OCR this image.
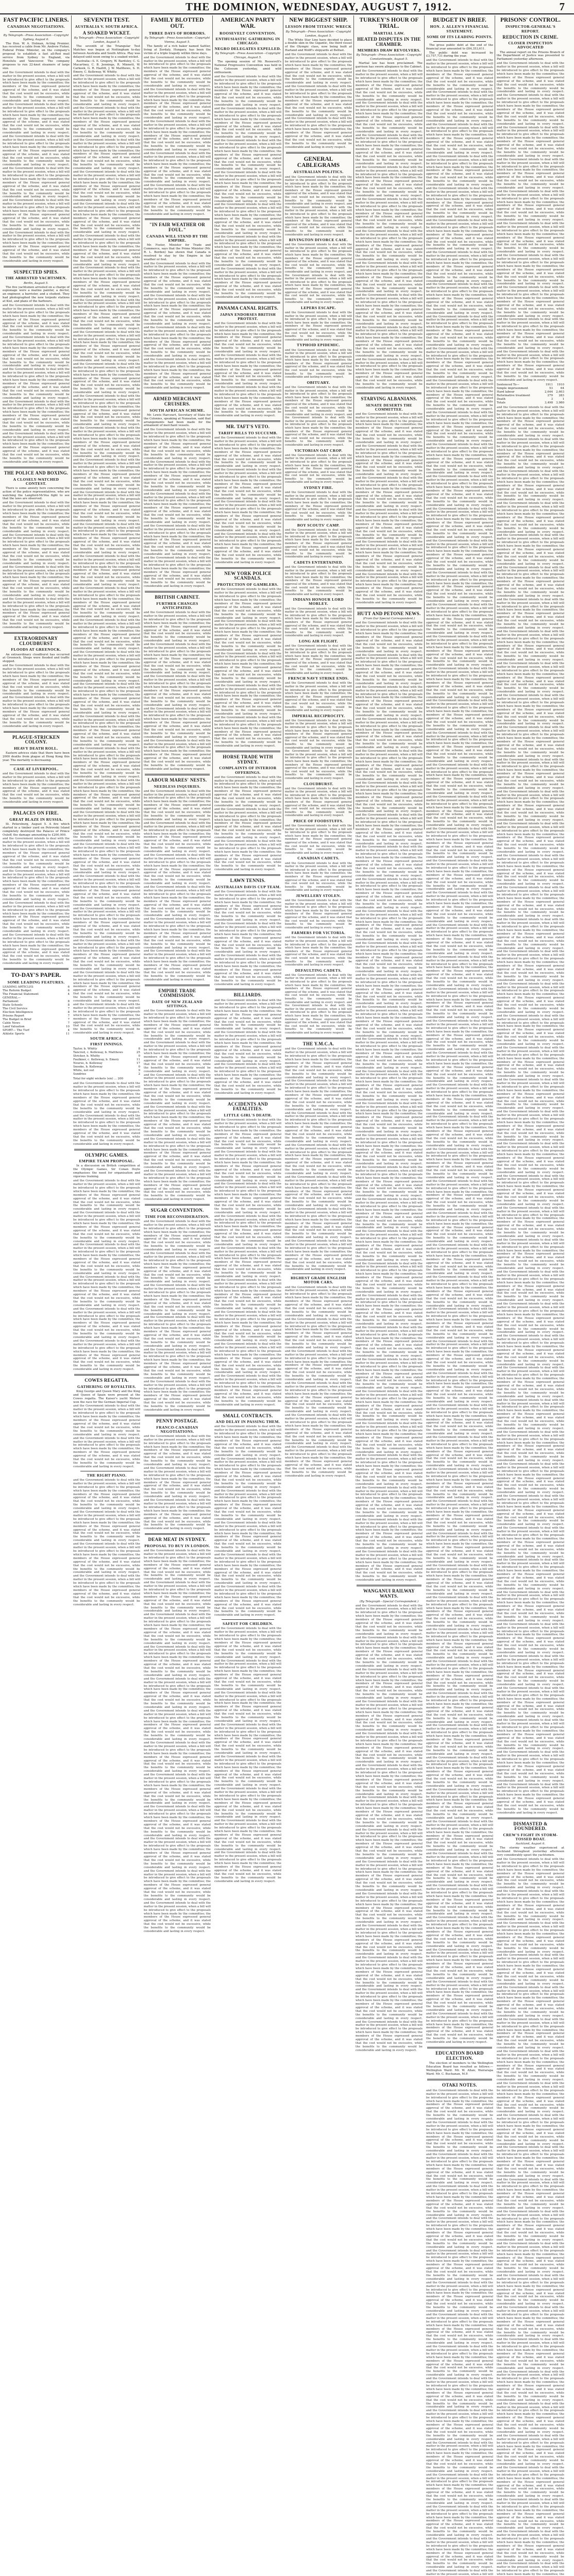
THE DOMINION, WEDNESDAY, AUGUST 7, 1912.	7
FAST PACIFIC LINERS.
CANADIAN NEGOTIATIONS.
By Telegraph—Press Association—Copyright
Sydney, August 6.

The Hon. W. A. Holman, Acting Premier, has received a cable from Mr. Andrew Fisher, Federal Prime Minister, on the company's proposal to establish a fast all-Red mail service from Sydney to England, via Honolulu and Vancouver. The company proposes to run 22-knot steamers of large size.

and the Government intends to deal with the matter in the present session, when a bill will be introduced to give effect to the proposals which have been made by the committee; the members of the House expressed general approval of the scheme, and it was stated that the cost would not be excessive, while the benefits to the community would be considerable and lasting in every respect. and the Government intends to deal with the matter in the present session, when a bill will be introduced to give effect to the proposals which have been made by the committee; the members of the House expressed general approval of the scheme, and it was stated that the cost would not be excessive, while the benefits to the community would be considerable and lasting in every respect. and the Government intends to deal with the matter in the present session, when a bill will be introduced to give effect to the proposals which have been made by the committee; the members of the House expressed general approval of the scheme, and it was stated that the cost would not be excessive, while the benefits to the community would be considerable and lasting in every respect. and the Government intends to deal with the matter in the present session, when a bill will be introduced to give effect to the proposals which have been made by the committee; the members of the House expressed general approval of the scheme, and it was stated that the cost would not be excessive, while the benefits to the community would be considerable and lasting in every respect. and the Government intends to deal with the matter in the present session, when a bill will be introduced to give effect to the proposals which have been made by the committee; the members of the House expressed general approval of the scheme, and it was stated that the cost would not be excessive, while the benefits to the community would be considerable and lasting in every respect. and the Government intends to deal with the matter in the present session, when a bill will be introduced to give effect to the proposals which have been made by the committee; the members of the House expressed general approval of the scheme, and it was stated that the cost would not be excessive, while the benefits to the community would be considerable and lasting in every respect.
SUSPECTED SPIES.
THE ARRESTED YACHTSMEN.
Berlin, August 5.

The five yachtsmen arrested on a charge of espionage were a marine painter, a doctor, an engineer, a barrister, and a student. They had photographed the new torpedo stations at Kiel, and plans of the harbours.

and the Government intends to deal with the matter in the present session, when a bill will be introduced to give effect to the proposals which have been made by the committee; the members of the House expressed general approval of the scheme, and it was stated that the cost would not be excessive, while the benefits to the community would be considerable and lasting in every respect. and the Government intends to deal with the matter in the present session, when a bill will be introduced to give effect to the proposals which have been made by the committee; the members of the House expressed general approval of the scheme, and it was stated that the cost would not be excessive, while the benefits to the community would be considerable and lasting in every respect. and the Government intends to deal with the matter in the present session, when a bill will be introduced to give effect to the proposals which have been made by the committee; the members of the House expressed general approval of the scheme, and it was stated that the cost would not be excessive, while the benefits to the community would be considerable and lasting in every respect. and the Government intends to deal with the matter in the present session, when a bill will be introduced to give effect to the proposals which have been made by the committee; the members of the House expressed general approval of the scheme, and it was stated that the cost would not be excessive, while the benefits to the community would be considerable and lasting in every respect. and the Government intends to deal with the matter in the present session, when a bill will be introduced to give effect to the proposals which have been made by the committee; the members of the House expressed general approval of the scheme, and it was stated that the cost would not be excessive, while the benefits to the community would be considerable and lasting in every respect.
THE POLICE AND BOXING.
A CLOSELY-WATCHED CONTEST.

There is some anxiety here concerning the action of the police representatives, who are watching the Langford-McVea fight to see that the laws are observed.

and the Government intends to deal with the matter in the present session, when a bill will be introduced to give effect to the proposals which have been made by the committee; the members of the House expressed general approval of the scheme, and it was stated that the cost would not be excessive, while the benefits to the community would be considerable and lasting in every respect. and the Government intends to deal with the matter in the present session, when a bill will be introduced to give effect to the proposals which have been made by the committee; the members of the House expressed general approval of the scheme, and it was stated that the cost would not be excessive, while the benefits to the community would be considerable and lasting in every respect. and the Government intends to deal with the matter in the present session, when a bill will be introduced to give effect to the proposals which have been made by the committee; the members of the House expressed general approval of the scheme, and it was stated that the cost would not be excessive, while the benefits to the community would be considerable and lasting in every respect. and the Government intends to deal with the matter in the present session, when a bill will be introduced to give effect to the proposals which have been made by the committee; the members of the House expressed general approval of the scheme, and it was stated that the cost would not be excessive, while the benefits to the community would be considerable and lasting in every respect.
EXTRAORDINARY CLOUDBURST
FLOODS AT GREENOCK.

An extraordinary cloudburst has occurred at Greenock. Shops were flooded and traffic stopped.

and the Government intends to deal with the matter in the present session, when a bill will be introduced to give effect to the proposals which have been made by the committee; the members of the House expressed general approval of the scheme, and it was stated that the cost would not be excessive, while the benefits to the community would be considerable and lasting in every respect. and the Government intends to deal with the matter in the present session, when a bill will be introduced to give effect to the proposals which have been made by the committee; the members of the House expressed general approval of the scheme, and it was stated that the cost would not be excessive, while the benefits to the community would be considerable and lasting in every respect.
PLAGUE-STRICKEN COLONY.
HEAVY DEATH ROLL.

Eastern advices state that there have been 2000 deaths from plague at Hong Kong this year. The mortality is decreasing.

CASE AT LIVERPOOL.
and the Government intends to deal with the matter in the present session, when a bill will be introduced to give effect to the proposals which have been made by the committee; the members of the House expressed general approval of the scheme, and it was stated that the cost would not be excessive, while the benefits to the community would be considerable and lasting in every respect.
PALACES ON FIRE.
GREAT BLAZE IN RUSSIA.

St. Petersburg, August 5. A fire which started in a timber yard on Petrovski Island completely destroyed the Palaces of Prince Ouloff, the damage amounting to £200,000.

and the Government intends to deal with the matter in the present session, when a bill will be introduced to give effect to the proposals which have been made by the committee; the members of the House expressed general approval of the scheme, and it was stated that the cost would not be excessive, while the benefits to the community would be considerable and lasting in every respect. and the Government intends to deal with the matter in the present session, when a bill will be introduced to give effect to the proposals which have been made by the committee; the members of the House expressed general approval of the scheme, and it was stated that the cost would not be excessive, while the benefits to the community would be considerable and lasting in every respect. and the Government intends to deal with the matter in the present session, when a bill will be introduced to give effect to the proposals which have been made by the committee; the members of the House expressed general approval of the scheme, and it was stated that the cost would not be excessive, while the benefits to the community would be considerable and lasting in every respect. and the Government intends to deal with the matter in the present session, when a bill will be introduced to give effect to the proposals which have been made by the committee; the members of the House expressed general approval of the scheme, and it was stated that the cost would not be excessive, while the benefits to the community would be considerable and lasting in every respect.
TO-DAY'S PAPER.
SOME LEADING FEATURES.
LEADING ARTICLES	6
The Reform Budget	6
The Financial Statement	4
GENERAL—
Parliament	8
State Schools	8
The Civil Service	7
Election Intelligence	8
Prisons Report	7
The Budget in Brief	7
Cable News	7
Land Valuation	10
SPORT— The Turf	4
Athletic Sports	11
SEVENTH TEST.
AUSTRALIA V. SOUTH AFRICA.
A SOAKED WICKET.
By Telegraph—Press Association—Copyright
London, August 5.

The seventh of the Triangular Test Matches was begun at Nottingham to-day between Australia and South Africa. Play was delayed until noon owing to a soaked wicket.

Australia—S. E. Gregory, W. Bardsley, C. G. Macartney, C. B. Jennings, R. Minnett, W. Carkeek, G. R. Hazlitt, J. W. Matthews, S. H. Emery, C. Kelleway, W. Whitty.

and the Government intends to deal with the matter in the present session, when a bill will be introduced to give effect to the proposals which have been made by the committee; the members of the House expressed general approval of the scheme, and it was stated that the cost would not be excessive, while the benefits to the community would be considerable and lasting in every respect. and the Government intends to deal with the matter in the present session, when a bill will be introduced to give effect to the proposals which have been made by the committee; the members of the House expressed general approval of the scheme, and it was stated that the cost would not be excessive, while the benefits to the community would be considerable and lasting in every respect. and the Government intends to deal with the matter in the present session, when a bill will be introduced to give effect to the proposals which have been made by the committee; the members of the House expressed general approval of the scheme, and it was stated that the cost would not be excessive, while the benefits to the community would be considerable and lasting in every respect. and the Government intends to deal with the matter in the present session, when a bill will be introduced to give effect to the proposals which have been made by the committee; the members of the House expressed general approval of the scheme, and it was stated that the cost would not be excessive, while the benefits to the community would be considerable and lasting in every respect. and the Government intends to deal with the matter in the present session, when a bill will be introduced to give effect to the proposals which have been made by the committee; the members of the House expressed general approval of the scheme, and it was stated that the cost would not be excessive, while the benefits to the community would be considerable and lasting in every respect. and the Government intends to deal with the matter in the present session, when a bill will be introduced to give effect to the proposals which have been made by the committee; the members of the House expressed general approval of the scheme, and it was stated that the cost would not be excessive, while the benefits to the community would be considerable and lasting in every respect. and the Government intends to deal with the matter in the present session, when a bill will be introduced to give effect to the proposals which have been made by the committee; the members of the House expressed general approval of the scheme, and it was stated that the cost would not be excessive, while the benefits to the community would be considerable and lasting in every respect. and the Government intends to deal with the matter in the present session, when a bill will be introduced to give effect to the proposals which have been made by the committee; the members of the House expressed general approval of the scheme, and it was stated that the cost would not be excessive, while the benefits to the community would be considerable and lasting in every respect. and the Government intends to deal with the matter in the present session, when a bill will be introduced to give effect to the proposals which have been made by the committee; the members of the House expressed general approval of the scheme, and it was stated that the cost would not be excessive, while the benefits to the community would be considerable and lasting in every respect. and the Government intends to deal with the matter in the present session, when a bill will be introduced to give effect to the proposals which have been made by the committee; the members of the House expressed general approval of the scheme, and it was stated that the cost would not be excessive, while the benefits to the community would be considerable and lasting in every respect. and the Government intends to deal with the matter in the present session, when a bill will be introduced to give effect to the proposals which have been made by the committee; the members of the House expressed general approval of the scheme, and it was stated that the cost would not be excessive, while the benefits to the community would be considerable and lasting in every respect. and the Government intends to deal with the matter in the present session, when a bill will be introduced to give effect to the proposals which have been made by the committee; the members of the House expressed general approval of the scheme, and it was stated that the cost would not be excessive, while the benefits to the community would be considerable and lasting in every respect. and the Government intends to deal with the matter in the present session, when a bill will be introduced to give effect to the proposals which have been made by the committee; the members of the House expressed general approval of the scheme, and it was stated that the cost would not be excessive, while the benefits to the community would be considerable and lasting in every respect. and the Government intends to deal with the matter in the present session, when a bill will be introduced to give effect to the proposals which have been made by the committee; the members of the House expressed general approval of the scheme, and it was stated that the cost would not be excessive, while the benefits to the community would be considerable and lasting in every respect. and the Government intends to deal with the matter in the present session, when a bill will be introduced to give effect to the proposals which have been made by the committee; the members of the House expressed general approval of the scheme, and it was stated that the cost would not be excessive, while the benefits to the community would be considerable and lasting in every respect. and the Government intends to deal with the matter in the present session, when a bill will be introduced to give effect to the proposals which have been made by the committee; the members of the House expressed general approval of the scheme, and it was stated that the cost would not be excessive, while the benefits to the community would be considerable and lasting in every respect. and the Government intends to deal with the matter in the present session, when a bill will be introduced to give effect to the proposals which have been made by the committee; the members of the House expressed general approval of the scheme, and it was stated that the cost would not be excessive, while the benefits to the community would be considerable and lasting in every respect. and the Government intends to deal with the matter in the present session, when a bill will be introduced to give effect to the proposals which have been made by the committee; the members of the House expressed general approval of the scheme, and it was stated that the cost would not be excessive, while the benefits to the community would be considerable and lasting in every respect. and the Government intends to deal with the matter in the present session, when a bill will be introduced to give effect to the proposals which have been made by the committee; the members of the House expressed general approval of the scheme, and it was stated that the cost would not be excessive, while the benefits to the community would be considerable and lasting in every respect. and the Government intends to deal with the matter in the present session, when a bill will be introduced to give effect to the proposals which have been made by the committee; the members of the House expressed general approval of the scheme, and it was stated that the cost would not be excessive, while the benefits to the community would be considerable and lasting in every respect. and the Government intends to deal with the matter in the present session, when a bill will be introduced to give effect to the proposals which have been made by the committee; the members of the House expressed general approval of the scheme, and it was stated that the cost would not be excessive, while the benefits to the community would be considerable and lasting in every respect. and the Government intends to deal with the matter in the present session, when a bill will be introduced to give effect to the proposals which have been made by the committee; the members of the House expressed general approval of the scheme, and it was stated that the cost would not be excessive, while the benefits to the community would be considerable and lasting in every respect. and the Government intends to deal with the matter in the present session, when a bill will be introduced to give effect to the proposals which have been made by the committee; the members of the House expressed general approval of the scheme, and it was stated that the cost would not be excessive, while the benefits to the community would be considerable and lasting in every respect. and the Government intends to deal with the matter in the present session, when a bill will be introduced to give effect to the proposals which have been made by the committee; the members of the House expressed general approval of the scheme, and it was stated that the cost would not be excessive, while the benefits to the community would be considerable and lasting in every respect. and the Government intends to deal with the matter in the present session, when a bill will be introduced to give effect to the proposals which have been made by the committee; the members of the House expressed general approval of the scheme, and it was stated that the cost would not be excessive, while the benefits to the community would be considerable and lasting in every respect. and the Government intends to deal with the matter in the present session, when a bill will be introduced to give effect to the proposals which have been made by the committee; the members of the House expressed general approval of the scheme, and it was stated that the cost would not be excessive, while the benefits to the community would be considerable and lasting in every respect. and the Government intends to deal with the matter in the present session, when a bill will be introduced to give effect to the proposals which have been made by the committee; the members of the House expressed general approval of the scheme, and it was stated that the cost would not be excessive, while the benefits to the community would be considerable and lasting in every respect. and the Government intends to deal with the matter in the present session, when a bill will be introduced to give effect to the proposals which have been made by the committee; the members of the House expressed general approval of the scheme, and it was stated that the cost would not be excessive, while the benefits to the community would be considerable and lasting in every respect. and the Government intends to deal with the matter in the present session, when a bill will be introduced to give effect to the proposals which have been made by the committee; the members of the House expressed general approval of the scheme, and it was stated that the cost would not be excessive, while the benefits to the community would be considerable and lasting in every respect. and the Government intends to deal with the matter in the present session, when a bill will be introduced to give effect to the proposals which have been made by the committee; the members of the House expressed general approval of the scheme, and it was stated that the cost would not be excessive, while the benefits to the community would be considerable and lasting in every respect.
SOUTH AFRICA.
FIRST INNINGS.
Taylor, b. Whitty	8
Tancred, c. Kelleway, b. Matthews	25
Stricker, b. Whitty	0
Faulkner, c. Kelleway, b. Emery	11
Nourse, b. Kelleway	17
Snooke, b. Kelleway	0
White, not out	9
Sundries	2
Total for eight wickets (six) ... 200
and the Government intends to deal with the matter in the present session, when a bill will be introduced to give effect to the proposals which have been made by the committee; the members of the House expressed general approval of the scheme, and it was stated that the cost would not be excessive, while the benefits to the community would be considerable and lasting in every respect. and the Government intends to deal with the matter in the present session, when a bill will be introduced to give effect to the proposals which have been made by the committee; the members of the House expressed general approval of the scheme, and it was stated that the cost would not be excessive, while the benefits to the community would be considerable and lasting in every respect.
OLYMPIC GAMES.
EMPIRE TEAM PROPOSAL.

In a discussion on British competition at the Olympic Games, Sir Conan Doyle emphasises the need for organisation and vigorous training.

and the Government intends to deal with the matter in the present session, when a bill will be introduced to give effect to the proposals which have been made by the committee; the members of the House expressed general approval of the scheme, and it was stated that the cost would not be excessive, while the benefits to the community would be considerable and lasting in every respect. and the Government intends to deal with the matter in the present session, when a bill will be introduced to give effect to the proposals which have been made by the committee; the members of the House expressed general approval of the scheme, and it was stated that the cost would not be excessive, while the benefits to the community would be considerable and lasting in every respect. and the Government intends to deal with the matter in the present session, when a bill will be introduced to give effect to the proposals which have been made by the committee; the members of the House expressed general approval of the scheme, and it was stated that the cost would not be excessive, while the benefits to the community would be considerable and lasting in every respect. and the Government intends to deal with the matter in the present session, when a bill will be introduced to give effect to the proposals which have been made by the committee; the members of the House expressed general approval of the scheme, and it was stated that the cost would not be excessive, while the benefits to the community would be considerable and lasting in every respect. and the Government intends to deal with the matter in the present session, when a bill will be introduced to give effect to the proposals which have been made by the committee; the members of the House expressed general approval of the scheme, and it was stated that the cost would not be excessive, while the benefits to the community would be considerable and lasting in every respect. and the Government intends to deal with the matter in the present session, when a bill will be introduced to give effect to the proposals which have been made by the committee; the members of the House expressed general approval of the scheme, and it was stated that the cost would not be excessive, while the benefits to the community would be considerable and lasting in every respect.
COWES REGATTA.
GATHERING OF ROYALTIES.

King George and Queen Mary and the King and Queen of Spain were present at the Cowes regatta. The Kaiser's yacht Meteor won the race for the German Imperial Cup.

and the Government intends to deal with the matter in the present session, when a bill will be introduced to give effect to the proposals which have been made by the committee; the members of the House expressed general approval of the scheme, and it was stated that the cost would not be excessive, while the benefits to the community would be considerable and lasting in every respect. and the Government intends to deal with the matter in the present session, when a bill will be introduced to give effect to the proposals which have been made by the committee; the members of the House expressed general approval of the scheme, and it was stated that the cost would not be excessive, while the benefits to the community would be considerable and lasting in every respect.
THE RIGHT PIANO.
and the Government intends to deal with the matter in the present session, when a bill will be introduced to give effect to the proposals which have been made by the committee; the members of the House expressed general approval of the scheme, and it was stated that the cost would not be excessive, while the benefits to the community would be considerable and lasting in every respect. and the Government intends to deal with the matter in the present session, when a bill will be introduced to give effect to the proposals which have been made by the committee; the members of the House expressed general approval of the scheme, and it was stated that the cost would not be excessive, while the benefits to the community would be considerable and lasting in every respect. and the Government intends to deal with the matter in the present session, when a bill will be introduced to give effect to the proposals which have been made by the committee; the members of the House expressed general approval of the scheme, and it was stated that the cost would not be excessive, while the benefits to the community would be considerable and lasting in every respect. and the Government intends to deal with the matter in the present session, when a bill will be introduced to give effect to the proposals which have been made by the committee; the members of the House expressed general approval of the scheme, and it was stated that the cost would not be excessive, while the benefits to the community would be considerable and lasting in every respect.
FAMILY BLOTTED OUT.
THREE DAYS OF HORRORS.
By Telegraph—Press Association—Copyright
Vienna, August 5.

The family of a rich baker named Sattler, living at Zerdaly, Hungary, has been the victim of a triple tragedy within three days.

and the Government intends to deal with the matter in the present session, when a bill will be introduced to give effect to the proposals which have been made by the committee; the members of the House expressed general approval of the scheme, and it was stated that the cost would not be excessive, while the benefits to the community would be considerable and lasting in every respect. and the Government intends to deal with the matter in the present session, when a bill will be introduced to give effect to the proposals which have been made by the committee; the members of the House expressed general approval of the scheme, and it was stated that the cost would not be excessive, while the benefits to the community would be considerable and lasting in every respect. and the Government intends to deal with the matter in the present session, when a bill will be introduced to give effect to the proposals which have been made by the committee; the members of the House expressed general approval of the scheme, and it was stated that the cost would not be excessive, while the benefits to the community would be considerable and lasting in every respect. and the Government intends to deal with the matter in the present session, when a bill will be introduced to give effect to the proposals which have been made by the committee; the members of the House expressed general approval of the scheme, and it was stated that the cost would not be excessive, while the benefits to the community would be considerable and lasting in every respect. and the Government intends to deal with the matter in the present session, when a bill will be introduced to give effect to the proposals which have been made by the committee; the members of the House expressed general approval of the scheme, and it was stated that the cost would not be excessive, while the benefits to the community would be considerable and lasting in every respect.
"IN FAIR WEATHER OR FOUL."
CANADA WILL STAND BY THE EMPIRE.

Mr. Foster, Minister for Trade and Commerce, says that the Prime Minister (Mr. R. L. Borden) has shown that Canada is resolved to stay by the Empire in fair weather or foul.

and the Government intends to deal with the matter in the present session, when a bill will be introduced to give effect to the proposals which have been made by the committee; the members of the House expressed general approval of the scheme, and it was stated that the cost would not be excessive, while the benefits to the community would be considerable and lasting in every respect. and the Government intends to deal with the matter in the present session, when a bill will be introduced to give effect to the proposals which have been made by the committee; the members of the House expressed general approval of the scheme, and it was stated that the cost would not be excessive, while the benefits to the community would be considerable and lasting in every respect. and the Government intends to deal with the matter in the present session, when a bill will be introduced to give effect to the proposals which have been made by the committee; the members of the House expressed general approval of the scheme, and it was stated that the cost would not be excessive, while the benefits to the community would be considerable and lasting in every respect. and the Government intends to deal with the matter in the present session, when a bill will be introduced to give effect to the proposals which have been made by the committee; the members of the House expressed general approval of the scheme, and it was stated that the cost would not be excessive, while the benefits to the community would be considerable and lasting in every respect.
ARMED MERCHANT CRUISERS.
SOUTH AFRICAN SCHEME.

Mr. Lewis Harcourt, Secretary of State for the Colonies, speaking at Nuneaton, said that arrangements had been made for the armament of merchant vessels.

and the Government intends to deal with the matter in the present session, when a bill will be introduced to give effect to the proposals which have been made by the committee; the members of the House expressed general approval of the scheme, and it was stated that the cost would not be excessive, while the benefits to the community would be considerable and lasting in every respect. and the Government intends to deal with the matter in the present session, when a bill will be introduced to give effect to the proposals which have been made by the committee; the members of the House expressed general approval of the scheme, and it was stated that the cost would not be excessive, while the benefits to the community would be considerable and lasting in every respect. and the Government intends to deal with the matter in the present session, when a bill will be introduced to give effect to the proposals which have been made by the committee; the members of the House expressed general approval of the scheme, and it was stated that the cost would not be excessive, while the benefits to the community would be considerable and lasting in every respect. and the Government intends to deal with the matter in the present session, when a bill will be introduced to give effect to the proposals which have been made by the committee; the members of the House expressed general approval of the scheme, and it was stated that the cost would not be excessive, while the benefits to the community would be considerable and lasting in every respect. and the Government intends to deal with the matter in the present session, when a bill will be introduced to give effect to the proposals which have been made by the committee; the members of the House expressed general approval of the scheme, and it was stated that the cost would not be excessive, while the benefits to the community would be considerable and lasting in every respect.
BRITISH CABINET.
FURTHER CHANGES ANTICIPATED.
and the Government intends to deal with the matter in the present session, when a bill will be introduced to give effect to the proposals which have been made by the committee; the members of the House expressed general approval of the scheme, and it was stated that the cost would not be excessive, while the benefits to the community would be considerable and lasting in every respect. and the Government intends to deal with the matter in the present session, when a bill will be introduced to give effect to the proposals which have been made by the committee; the members of the House expressed general approval of the scheme, and it was stated that the cost would not be excessive, while the benefits to the community would be considerable and lasting in every respect. and the Government intends to deal with the matter in the present session, when a bill will be introduced to give effect to the proposals which have been made by the committee; the members of the House expressed general approval of the scheme, and it was stated that the cost would not be excessive, while the benefits to the community would be considerable and lasting in every respect. and the Government intends to deal with the matter in the present session, when a bill will be introduced to give effect to the proposals which have been made by the committee; the members of the House expressed general approval of the scheme, and it was stated that the cost would not be excessive, while the benefits to the community would be considerable and lasting in every respect. and the Government intends to deal with the matter in the present session, when a bill will be introduced to give effect to the proposals which have been made by the committee; the members of the House expressed general approval of the scheme, and it was stated that the cost would not be excessive, while the benefits to the community would be considerable and lasting in every respect.
LABOUR MARES' NESTS.
NEEDLESS INQUIRIES.
and the Government intends to deal with the matter in the present session, when a bill will be introduced to give effect to the proposals which have been made by the committee; the members of the House expressed general approval of the scheme, and it was stated that the cost would not be excessive, while the benefits to the community would be considerable and lasting in every respect. and the Government intends to deal with the matter in the present session, when a bill will be introduced to give effect to the proposals which have been made by the committee; the members of the House expressed general approval of the scheme, and it was stated that the cost would not be excessive, while the benefits to the community would be considerable and lasting in every respect. and the Government intends to deal with the matter in the present session, when a bill will be introduced to give effect to the proposals which have been made by the committee; the members of the House expressed general approval of the scheme, and it was stated that the cost would not be excessive, while the benefits to the community would be considerable and lasting in every respect. and the Government intends to deal with the matter in the present session, when a bill will be introduced to give effect to the proposals which have been made by the committee; the members of the House expressed general approval of the scheme, and it was stated that the cost would not be excessive, while the benefits to the community would be considerable and lasting in every respect. and the Government intends to deal with the matter in the present session, when a bill will be introduced to give effect to the proposals which have been made by the committee; the members of the House expressed general approval of the scheme, and it was stated that the cost would not be excessive, while the benefits to the community would be considerable and lasting in every respect. and the Government intends to deal with the matter in the present session, when a bill will be introduced to give effect to the proposals which have been made by the committee; the members of the House expressed general approval of the scheme, and it was stated that the cost would not be excessive, while the benefits to the community would be considerable and lasting in every respect.
EMPIRE TRADE COMMISSION.
DATE OF NEW ZEALAND SITTINGS.
and the Government intends to deal with the matter in the present session, when a bill will be introduced to give effect to the proposals which have been made by the committee; the members of the House expressed general approval of the scheme, and it was stated that the cost would not be excessive, while the benefits to the community would be considerable and lasting in every respect. and the Government intends to deal with the matter in the present session, when a bill will be introduced to give effect to the proposals which have been made by the committee; the members of the House expressed general approval of the scheme, and it was stated that the cost would not be excessive, while the benefits to the community would be considerable and lasting in every respect. and the Government intends to deal with the matter in the present session, when a bill will be introduced to give effect to the proposals which have been made by the committee; the members of the House expressed general approval of the scheme, and it was stated that the cost would not be excessive, while the benefits to the community would be considerable and lasting in every respect. and the Government intends to deal with the matter in the present session, when a bill will be introduced to give effect to the proposals which have been made by the committee; the members of the House expressed general approval of the scheme, and it was stated that the cost would not be excessive, while the benefits to the community would be considerable and lasting in every respect. and the Government intends to deal with the matter in the present session, when a bill will be introduced to give effect to the proposals which have been made by the committee; the members of the House expressed general approval of the scheme, and it was stated that the cost would not be excessive, while the benefits to the community would be considerable and lasting in every respect. and the Government intends to deal with the matter in the present session, when a bill will be introduced to give effect to the proposals which have been made by the committee; the members of the House expressed general approval of the scheme, and it was stated that the cost would not be excessive, while the benefits to the community would be considerable and lasting in every respect.
SUGAR CONVENTION.
TIME FOR RECONSIDERATION.
and the Government intends to deal with the matter in the present session, when a bill will be introduced to give effect to the proposals which have been made by the committee; the members of the House expressed general approval of the scheme, and it was stated that the cost would not be excessive, while the benefits to the community would be considerable and lasting in every respect. and the Government intends to deal with the matter in the present session, when a bill will be introduced to give effect to the proposals which have been made by the committee; the members of the House expressed general approval of the scheme, and it was stated that the cost would not be excessive, while the benefits to the community would be considerable and lasting in every respect. and the Government intends to deal with the matter in the present session, when a bill will be introduced to give effect to the proposals which have been made by the committee; the members of the House expressed general approval of the scheme, and it was stated that the cost would not be excessive, while the benefits to the community would be considerable and lasting in every respect. and the Government intends to deal with the matter in the present session, when a bill will be introduced to give effect to the proposals which have been made by the committee; the members of the House expressed general approval of the scheme, and it was stated that the cost would not be excessive, while the benefits to the community would be considerable and lasting in every respect. and the Government intends to deal with the matter in the present session, when a bill will be introduced to give effect to the proposals which have been made by the committee; the members of the House expressed general approval of the scheme, and it was stated that the cost would not be excessive, while the benefits to the community would be considerable and lasting in every respect. and the Government intends to deal with the matter in the present session, when a bill will be introduced to give effect to the proposals which have been made by the committee; the members of the House expressed general approval of the scheme, and it was stated that the cost would not be excessive, while the benefits to the community would be considerable and lasting in every respect.
PENNY POSTAGE.
FRANCO-CANADIAN NEGOTIATIONS.
and the Government intends to deal with the matter in the present session, when a bill will be introduced to give effect to the proposals which have been made by the committee; the members of the House expressed general approval of the scheme, and it was stated that the cost would not be excessive, while the benefits to the community would be considerable and lasting in every respect. and the Government intends to deal with the matter in the present session, when a bill will be introduced to give effect to the proposals which have been made by the committee; the members of the House expressed general approval of the scheme, and it was stated that the cost would not be excessive, while the benefits to the community would be considerable and lasting in every respect. and the Government intends to deal with the matter in the present session, when a bill will be introduced to give effect to the proposals which have been made by the committee; the members of the House expressed general approval of the scheme, and it was stated that the cost would not be excessive, while the benefits to the community would be considerable and lasting in every respect.
DEAR MEAT IN SYDNEY.
PROPOSAL TO BUY IN LONDON.
and the Government intends to deal with the matter in the present session, when a bill will be introduced to give effect to the proposals which have been made by the committee; the members of the House expressed general approval of the scheme, and it was stated that the cost would not be excessive, while the benefits to the community would be considerable and lasting in every respect. and the Government intends to deal with the matter in the present session, when a bill will be introduced to give effect to the proposals which have been made by the committee; the members of the House expressed general approval of the scheme, and it was stated that the cost would not be excessive, while the benefits to the community would be considerable and lasting in every respect. and the Government intends to deal with the matter in the present session, when a bill will be introduced to give effect to the proposals which have been made by the committee; the members of the House expressed general approval of the scheme, and it was stated that the cost would not be excessive, while the benefits to the community would be considerable and lasting in every respect. and the Government intends to deal with the matter in the present session, when a bill will be introduced to give effect to the proposals which have been made by the committee; the members of the House expressed general approval of the scheme, and it was stated that the cost would not be excessive, while the benefits to the community would be considerable and lasting in every respect. and the Government intends to deal with the matter in the present session, when a bill will be introduced to give effect to the proposals which have been made by the committee; the members of the House expressed general approval of the scheme, and it was stated that the cost would not be excessive, while the benefits to the community would be considerable and lasting in every respect. and the Government intends to deal with the matter in the present session, when a bill will be introduced to give effect to the proposals which have been made by the committee; the members of the House expressed general approval of the scheme, and it was stated that the cost would not be excessive, while the benefits to the community would be considerable and lasting in every respect. and the Government intends to deal with the matter in the present session, when a bill will be introduced to give effect to the proposals which have been made by the committee; the members of the House expressed general approval of the scheme, and it was stated that the cost would not be excessive, while the benefits to the community would be considerable and lasting in every respect. and the Government intends to deal with the matter in the present session, when a bill will be introduced to give effect to the proposals which have been made by the committee; the members of the House expressed general approval of the scheme, and it was stated that the cost would not be excessive, while the benefits to the community would be considerable and lasting in every respect. and the Government intends to deal with the matter in the present session, when a bill will be introduced to give effect to the proposals which have been made by the committee; the members of the House expressed general approval of the scheme, and it was stated that the cost would not be excessive, while the benefits to the community would be considerable and lasting in every respect. and the Government intends to deal with the matter in the present session, when a bill will be introduced to give effect to the proposals which have been made by the committee; the members of the House expressed general approval of the scheme, and it was stated that the cost would not be excessive, while the benefits to the community would be considerable and lasting in every respect. and the Government intends to deal with the matter in the present session, when a bill will be introduced to give effect to the proposals which have been made by the committee; the members of the House expressed general approval of the scheme, and it was stated that the cost would not be excessive, while the benefits to the community would be considerable and lasting in every respect. and the Government intends to deal with the matter in the present session, when a bill will be introduced to give effect to the proposals which have been made by the committee; the members of the House expressed general approval of the scheme, and it was stated that the cost would not be excessive, while the benefits to the community would be considerable and lasting in every respect.
AMERICAN PARTY WAR.
ROOSEVELT CONVENTION.
ENTHUSIASTIC GATHERING IN CHICAGO.
NEGRO DELEGATES EXPELLED.
By Telegraph—Press Association—Copyright
Chicago, August 5.

The opening session of Mr. Roosevelt's National Progressive Convention was held in the Coliseum yesterday, amid wild enthusiasm.

and the Government intends to deal with the matter in the present session, when a bill will be introduced to give effect to the proposals which have been made by the committee; the members of the House expressed general approval of the scheme, and it was stated that the cost would not be excessive, while the benefits to the community would be considerable and lasting in every respect. and the Government intends to deal with the matter in the present session, when a bill will be introduced to give effect to the proposals which have been made by the committee; the members of the House expressed general approval of the scheme, and it was stated that the cost would not be excessive, while the benefits to the community would be considerable and lasting in every respect. and the Government intends to deal with the matter in the present session, when a bill will be introduced to give effect to the proposals which have been made by the committee; the members of the House expressed general approval of the scheme, and it was stated that the cost would not be excessive, while the benefits to the community would be considerable and lasting in every respect. and the Government intends to deal with the matter in the present session, when a bill will be introduced to give effect to the proposals which have been made by the committee; the members of the House expressed general approval of the scheme, and it was stated that the cost would not be excessive, while the benefits to the community would be considerable and lasting in every respect. and the Government intends to deal with the matter in the present session, when a bill will be introduced to give effect to the proposals which have been made by the committee; the members of the House expressed general approval of the scheme, and it was stated that the cost would not be excessive, while the benefits to the community would be considerable and lasting in every respect. and the Government intends to deal with the matter in the present session, when a bill will be introduced to give effect to the proposals which have been made by the committee; the members of the House expressed general approval of the scheme, and it was stated that the cost would not be excessive, while the benefits to the community would be considerable and lasting in every respect. and the Government intends to deal with the matter in the present session, when a bill will be introduced to give effect to the proposals which have been made by the committee; the members of the House expressed general approval of the scheme, and it was stated that the cost would not be excessive, while the benefits to the community would be considerable and lasting in every respect.
PANAMA CANAL RIGHTS.
JAPAN ENDORSES BRITISH PROTEST.
and the Government intends to deal with the matter in the present session, when a bill will be introduced to give effect to the proposals which have been made by the committee; the members of the House expressed general approval of the scheme, and it was stated that the cost would not be excessive, while the benefits to the community would be considerable and lasting in every respect. and the Government intends to deal with the matter in the present session, when a bill will be introduced to give effect to the proposals which have been made by the committee; the members of the House expressed general approval of the scheme, and it was stated that the cost would not be excessive, while the benefits to the community would be considerable and lasting in every respect. and the Government intends to deal with the matter in the present session, when a bill will be introduced to give effect to the proposals which have been made by the committee; the members of the House expressed general approval of the scheme, and it was stated that the cost would not be excessive, while the benefits to the community would be considerable and lasting in every respect.
MR. TAFT'S VETO.
TARIFF BILLS TO SUCCUMB.
and the Government intends to deal with the matter in the present session, when a bill will be introduced to give effect to the proposals which have been made by the committee; the members of the House expressed general approval of the scheme, and it was stated that the cost would not be excessive, while the benefits to the community would be considerable and lasting in every respect. and the Government intends to deal with the matter in the present session, when a bill will be introduced to give effect to the proposals which have been made by the committee; the members of the House expressed general approval of the scheme, and it was stated that the cost would not be excessive, while the benefits to the community would be considerable and lasting in every respect. and the Government intends to deal with the matter in the present session, when a bill will be introduced to give effect to the proposals which have been made by the committee; the members of the House expressed general approval of the scheme, and it was stated that the cost would not be excessive, while the benefits to the community would be considerable and lasting in every respect. and the Government intends to deal with the matter in the present session, when a bill will be introduced to give effect to the proposals which have been made by the committee; the members of the House expressed general approval of the scheme, and it was stated that the cost would not be excessive, while the benefits to the community would be considerable and lasting in every respect.
NEW YORK POLICE SCANDALS.
PROTECTION OF GAMBLERS.
and the Government intends to deal with the matter in the present session, when a bill will be introduced to give effect to the proposals which have been made by the committee; the members of the House expressed general approval of the scheme, and it was stated that the cost would not be excessive, while the benefits to the community would be considerable and lasting in every respect. and the Government intends to deal with the matter in the present session, when a bill will be introduced to give effect to the proposals which have been made by the committee; the members of the House expressed general approval of the scheme, and it was stated that the cost would not be excessive, while the benefits to the community would be considerable and lasting in every respect. and the Government intends to deal with the matter in the present session, when a bill will be introduced to give effect to the proposals which have been made by the committee; the members of the House expressed general approval of the scheme, and it was stated that the cost would not be excessive, while the benefits to the community would be considerable and lasting in every respect. and the Government intends to deal with the matter in the present session, when a bill will be introduced to give effect to the proposals which have been made by the committee; the members of the House expressed general approval of the scheme, and it was stated that the cost would not be excessive, while the benefits to the community would be considerable and lasting in every respect. and the Government intends to deal with the matter in the present session, when a bill will be introduced to give effect to the proposals which have been made by the committee; the members of the House expressed general approval of the scheme, and it was stated that the cost would not be excessive, while the benefits to the community would be considerable and lasting in every respect.
HORSE TRADE WITH SYDNEY.
COMPLAINTS OF INTERIOR OFFERINGS.
and the Government intends to deal with the matter in the present session, when a bill will be introduced to give effect to the proposals which have been made by the committee; the members of the House expressed general approval of the scheme, and it was stated that the cost would not be excessive, while the benefits to the community would be considerable and lasting in every respect. and the Government intends to deal with the matter in the present session, when a bill will be introduced to give effect to the proposals which have been made by the committee; the members of the House expressed general approval of the scheme, and it was stated that the cost would not be excessive, while the benefits to the community would be considerable and lasting in every respect. and the Government intends to deal with the matter in the present session, when a bill will be introduced to give effect to the proposals which have been made by the committee; the members of the House expressed general approval of the scheme, and it was stated that the cost would not be excessive, while the benefits to the community would be considerable and lasting in every respect.
LAWN TENNIS.
AUSTRALIAN DAVIS CUP TEAM.
and the Government intends to deal with the matter in the present session, when a bill will be introduced to give effect to the proposals which have been made by the committee; the members of the House expressed general approval of the scheme, and it was stated that the cost would not be excessive, while the benefits to the community would be considerable and lasting in every respect. and the Government intends to deal with the matter in the present session, when a bill will be introduced to give effect to the proposals which have been made by the committee; the members of the House expressed general approval of the scheme, and it was stated that the cost would not be excessive, while the benefits to the community would be considerable and lasting in every respect. and the Government intends to deal with the matter in the present session, when a bill will be introduced to give effect to the proposals which have been made by the committee; the members of the House expressed general approval of the scheme, and it was stated that the cost would not be excessive, while the benefits to the community would be considerable and lasting in every respect.
BILLIARDS.
and the Government intends to deal with the matter in the present session, when a bill will be introduced to give effect to the proposals which have been made by the committee; the members of the House expressed general approval of the scheme, and it was stated that the cost would not be excessive, while the benefits to the community would be considerable and lasting in every respect. and the Government intends to deal with the matter in the present session, when a bill will be introduced to give effect to the proposals which have been made by the committee; the members of the House expressed general approval of the scheme, and it was stated that the cost would not be excessive, while the benefits to the community would be considerable and lasting in every respect. and the Government intends to deal with the matter in the present session, when a bill will be introduced to give effect to the proposals which have been made by the committee; the members of the House expressed general approval of the scheme, and it was stated that the cost would not be excessive, while the benefits to the community would be considerable and lasting in every respect.
ACCIDENTS AND FATALITIES.
LITTLE GIRL'S DEATH.
and the Government intends to deal with the matter in the present session, when a bill will be introduced to give effect to the proposals which have been made by the committee; the members of the House expressed general approval of the scheme, and it was stated that the cost would not be excessive, while the benefits to the community would be considerable and lasting in every respect. and the Government intends to deal with the matter in the present session, when a bill will be introduced to give effect to the proposals which have been made by the committee; the members of the House expressed general approval of the scheme, and it was stated that the cost would not be excessive, while the benefits to the community would be considerable and lasting in every respect. and the Government intends to deal with the matter in the present session, when a bill will be introduced to give effect to the proposals which have been made by the committee; the members of the House expressed general approval of the scheme, and it was stated that the cost would not be excessive, while the benefits to the community would be considerable and lasting in every respect. and the Government intends to deal with the matter in the present session, when a bill will be introduced to give effect to the proposals which have been made by the committee; the members of the House expressed general approval of the scheme, and it was stated that the cost would not be excessive, while the benefits to the community would be considerable and lasting in every respect. and the Government intends to deal with the matter in the present session, when a bill will be introduced to give effect to the proposals which have been made by the committee; the members of the House expressed general approval of the scheme, and it was stated that the cost would not be excessive, while the benefits to the community would be considerable and lasting in every respect. and the Government intends to deal with the matter in the present session, when a bill will be introduced to give effect to the proposals which have been made by the committee; the members of the House expressed general approval of the scheme, and it was stated that the cost would not be excessive, while the benefits to the community would be considerable and lasting in every respect. and the Government intends to deal with the matter in the present session, when a bill will be introduced to give effect to the proposals which have been made by the committee; the members of the House expressed general approval of the scheme, and it was stated that the cost would not be excessive, while the benefits to the community would be considerable and lasting in every respect. and the Government intends to deal with the matter in the present session, when a bill will be introduced to give effect to the proposals which have been made by the committee; the members of the House expressed general approval of the scheme, and it was stated that the cost would not be excessive, while the benefits to the community would be considerable and lasting in every respect. and the Government intends to deal with the matter in the present session, when a bill will be introduced to give effect to the proposals which have been made by the committee; the members of the House expressed general approval of the scheme, and it was stated that the cost would not be excessive, while the benefits to the community would be considerable and lasting in every respect.
SMALL CONTRACTS.
AND DELAY IN PASSING THEM.
and the Government intends to deal with the matter in the present session, when a bill will be introduced to give effect to the proposals which have been made by the committee; the members of the House expressed general approval of the scheme, and it was stated that the cost would not be excessive, while the benefits to the community would be considerable and lasting in every respect. and the Government intends to deal with the matter in the present session, when a bill will be introduced to give effect to the proposals which have been made by the committee; the members of the House expressed general approval of the scheme, and it was stated that the cost would not be excessive, while the benefits to the community would be considerable and lasting in every respect. and the Government intends to deal with the matter in the present session, when a bill will be introduced to give effect to the proposals which have been made by the committee; the members of the House expressed general approval of the scheme, and it was stated that the cost would not be excessive, while the benefits to the community would be considerable and lasting in every respect. and the Government intends to deal with the matter in the present session, when a bill will be introduced to give effect to the proposals which have been made by the committee; the members of the House expressed general approval of the scheme, and it was stated that the cost would not be excessive, while the benefits to the community would be considerable and lasting in every respect. and the Government intends to deal with the matter in the present session, when a bill will be introduced to give effect to the proposals which have been made by the committee; the members of the House expressed general approval of the scheme, and it was stated that the cost would not be excessive, while the benefits to the community would be considerable and lasting in every respect. and the Government intends to deal with the matter in the present session, when a bill will be introduced to give effect to the proposals which have been made by the committee; the members of the House expressed general approval of the scheme, and it was stated that the cost would not be excessive, while the benefits to the community would be considerable and lasting in every respect.
SAFEST FOR CHILDREN.
and the Government intends to deal with the matter in the present session, when a bill will be introduced to give effect to the proposals which have been made by the committee; the members of the House expressed general approval of the scheme, and it was stated that the cost would not be excessive, while the benefits to the community would be considerable and lasting in every respect. and the Government intends to deal with the matter in the present session, when a bill will be introduced to give effect to the proposals which have been made by the committee; the members of the House expressed general approval of the scheme, and it was stated that the cost would not be excessive, while the benefits to the community would be considerable and lasting in every respect. and the Government intends to deal with the matter in the present session, when a bill will be introduced to give effect to the proposals which have been made by the committee; the members of the House expressed general approval of the scheme, and it was stated that the cost would not be excessive, while the benefits to the community would be considerable and lasting in every respect. and the Government intends to deal with the matter in the present session, when a bill will be introduced to give effect to the proposals which have been made by the committee; the members of the House expressed general approval of the scheme, and it was stated that the cost would not be excessive, while the benefits to the community would be considerable and lasting in every respect. and the Government intends to deal with the matter in the present session, when a bill will be introduced to give effect to the proposals which have been made by the committee; the members of the House expressed general approval of the scheme, and it was stated that the cost would not be excessive, while the benefits to the community would be considerable and lasting in every respect. and the Government intends to deal with the matter in the present session, when a bill will be introduced to give effect to the proposals which have been made by the committee; the members of the House expressed general approval of the scheme, and it was stated that the cost would not be excessive, while the benefits to the community would be considerable and lasting in every respect. and the Government intends to deal with the matter in the present session, when a bill will be introduced to give effect to the proposals which have been made by the committee; the members of the House expressed general approval of the scheme, and it was stated that the cost would not be excessive, while the benefits to the community would be considerable and lasting in every respect. and the Government intends to deal with the matter in the present session, when a bill will be introduced to give effect to the proposals which have been made by the committee; the members of the House expressed general approval of the scheme, and it was stated that the cost would not be excessive, while the benefits to the community would be considerable and lasting in every respect.
NEW BIGGEST SHIP.
LESSON FROM TITANIC WRECK
By Telegraph—Press Association—Copyright
London, August 5.

The White Star Line have decided to place a double skin in the Gigantic, the third vessel of the Olympic class, now being built at Harland and Wolff's shipyards at Belfast.

and the Government intends to deal with the matter in the present session, when a bill will be introduced to give effect to the proposals which have been made by the committee; the members of the House expressed general approval of the scheme, and it was stated that the cost would not be excessive, while the benefits to the community would be considerable and lasting in every respect. and the Government intends to deal with the matter in the present session, when a bill will be introduced to give effect to the proposals which have been made by the committee; the members of the House expressed general approval of the scheme, and it was stated that the cost would not be excessive, while the benefits to the community would be considerable and lasting in every respect. and the Government intends to deal with the matter in the present session, when a bill will be introduced to give effect to the proposals which have been made by the committee; the members of the House expressed general approval of the scheme, and it was stated that the cost would not be excessive, while the benefits to the community would be considerable and lasting in every respect.
GENERAL CABLEGRAMS
AUSTRALIAN POLITICS.
and the Government intends to deal with the matter in the present session, when a bill will be introduced to give effect to the proposals which have been made by the committee; the members of the House expressed general approval of the scheme, and it was stated that the cost would not be excessive, while the benefits to the community would be considerable and lasting in every respect. and the Government intends to deal with the matter in the present session, when a bill will be introduced to give effect to the proposals which have been made by the committee; the members of the House expressed general approval of the scheme, and it was stated that the cost would not be excessive, while the benefits to the community would be considerable and lasting in every respect.
RIVINGTON DIVORCE CASE.
and the Government intends to deal with the matter in the present session, when a bill will be introduced to give effect to the proposals which have been made by the committee; the members of the House expressed general approval of the scheme, and it was stated that the cost would not be excessive, while the benefits to the community would be considerable and lasting in every respect. and the Government intends to deal with the matter in the present session, when a bill will be introduced to give effect to the proposals which have been made by the committee; the members of the House expressed general approval of the scheme, and it was stated that the cost would not be excessive, while the benefits to the community would be considerable and lasting in every respect.
LEPERS ESCAPE.
and the Government intends to deal with the matter in the present session, when a bill will be introduced to give effect to the proposals which have been made by the committee; the members of the House expressed general approval of the scheme, and it was stated that the cost would not be excessive, while the benefits to the community would be considerable and lasting in every respect.
TYPHOID EPIDEMIC.
and the Government intends to deal with the matter in the present session, when a bill will be introduced to give effect to the proposals which have been made by the committee; the members of the House expressed general approval of the scheme, and it was stated that the cost would not be excessive, while the benefits to the community would be considerable and lasting in every respect.
OBITUARY.
and the Government intends to deal with the matter in the present session, when a bill will be introduced to give effect to the proposals which have been made by the committee; the members of the House expressed general approval of the scheme, and it was stated that the cost would not be excessive, while the benefits to the community would be considerable and lasting in every respect. and the Government intends to deal with the matter in the present session, when a bill will be introduced to give effect to the proposals which have been made by the committee; the members of the House expressed general approval of the scheme, and it was stated that the cost would not be excessive, while the benefits to the community would be considerable and lasting in every respect.
VICTORIAN OAT CROP.
and the Government intends to deal with the matter in the present session, when a bill will be introduced to give effect to the proposals which have been made by the committee; the members of the House expressed general approval of the scheme, and it was stated that the cost would not be excessive, while the benefits to the community would be considerable and lasting in every respect.
SYDNEY FIRE.
and the Government intends to deal with the matter in the present session, when a bill will be introduced to give effect to the proposals which have been made by the committee; the members of the House expressed general approval of the scheme, and it was stated that the cost would not be excessive, while the benefits to the community would be considerable and lasting in every respect.
BOY SCOUTS' CAMP.
and the Government intends to deal with the matter in the present session, when a bill will be introduced to give effect to the proposals which have been made by the committee; the members of the House expressed general approval of the scheme, and it was stated that the cost would not be excessive, while the benefits to the community would be considerable and lasting in every respect.
CADETS ENTERTAINED.
and the Government intends to deal with the matter in the present session, when a bill will be introduced to give effect to the proposals which have been made by the committee; the members of the House expressed general approval of the scheme, and it was stated that the cost would not be excessive, while the benefits to the community would be considerable and lasting in every respect.
INDIANS HONOUR LORD MORLEY.
and the Government intends to deal with the matter in the present session, when a bill will be introduced to give effect to the proposals which have been made by the committee; the members of the House expressed general approval of the scheme, and it was stated that the cost would not be excessive, while the benefits to the community would be considerable and lasting in every respect.
LONG AIR FLIGHT.
and the Government intends to deal with the matter in the present session, when a bill will be introduced to give effect to the proposals which have been made by the committee; the members of the House expressed general approval of the scheme, and it was stated that the cost would not be excessive, while the benefits to the community would be considerable and lasting in every respect.
FRENCH NAVY STRIKE ENDS.
and the Government intends to deal with the matter in the present session, when a bill will be introduced to give effect to the proposals which have been made by the committee; the members of the House expressed general approval of the scheme, and it was stated that the cost would not be excessive, while the benefits to the community would be considerable and lasting in every respect.
IMPERIAL RECIPROCITY.
and the Government intends to deal with the matter in the present session, when a bill will be introduced to give effect to the proposals which have been made by the committee; the members of the House expressed general approval of the scheme, and it was stated that the cost would not be excessive, while the benefits to the community would be considerable and lasting in every respect. and the Government intends to deal with the matter in the present session, when a bill will be introduced to give effect to the proposals which have been made by the committee; the members of the House expressed general approval of the scheme, and it was stated that the cost would not be excessive, while the benefits to the community would be considerable and lasting in every respect.
CLOUDBURST.
and the Government intends to deal with the matter in the present session, when a bill will be introduced to give effect to the proposals which have been made by the committee; the members of the House expressed general approval of the scheme, and it was stated that the cost would not be excessive, while the benefits to the community would be considerable and lasting in every respect.
PRICE OF FOODSTUFFS.
and the Government intends to deal with the matter in the present session, when a bill will be introduced to give effect to the proposals which have been made by the committee; the members of the House expressed general approval of the scheme, and it was stated that the cost would not be excessive, while the benefits to the community would be considerable and lasting in every respect.
CANADIAN CADETS.
and the Government intends to deal with the matter in the present session, when a bill will be introduced to give effect to the proposals which have been made by the committee; the members of the House expressed general approval of the scheme, and it was stated that the cost would not be excessive, while the benefits to the community would be considerable and lasting in every respect.
JEWELLERY STOLEN.
and the Government intends to deal with the matter in the present session, when a bill will be introduced to give effect to the proposals which have been made by the committee; the members of the House expressed general approval of the scheme, and it was stated that the cost would not be excessive, while the benefits to the community would be considerable and lasting in every respect.
FARMERS FOR VICTORIA.
and the Government intends to deal with the matter in the present session, when a bill will be introduced to give effect to the proposals which have been made by the committee; the members of the House expressed general approval of the scheme, and it was stated that the cost would not be excessive, while the benefits to the community would be considerable and lasting in every respect.
DEFAULTING CADETS.
and the Government intends to deal with the matter in the present session, when a bill will be introduced to give effect to the proposals which have been made by the committee; the members of the House expressed general approval of the scheme, and it was stated that the cost would not be excessive, while the benefits to the community would be considerable and lasting in every respect. and the Government intends to deal with the matter in the present session, when a bill will be introduced to give effect to the proposals which have been made by the committee; the members of the House expressed general approval of the scheme, and it was stated that the cost would not be excessive, while the benefits to the community would be considerable and lasting in every respect.
THE Y.M.C.A.
and the Government intends to deal with the matter in the present session, when a bill will be introduced to give effect to the proposals which have been made by the committee; the members of the House expressed general approval of the scheme, and it was stated that the cost would not be excessive, while the benefits to the community would be considerable and lasting in every respect. and the Government intends to deal with the matter in the present session, when a bill will be introduced to give effect to the proposals which have been made by the committee; the members of the House expressed general approval of the scheme, and it was stated that the cost would not be excessive, while the benefits to the community would be considerable and lasting in every respect. and the Government intends to deal with the matter in the present session, when a bill will be introduced to give effect to the proposals which have been made by the committee; the members of the House expressed general approval of the scheme, and it was stated that the cost would not be excessive, while the benefits to the community would be considerable and lasting in every respect. and the Government intends to deal with the matter in the present session, when a bill will be introduced to give effect to the proposals which have been made by the committee; the members of the House expressed general approval of the scheme, and it was stated that the cost would not be excessive, while the benefits to the community would be considerable and lasting in every respect. and the Government intends to deal with the matter in the present session, when a bill will be introduced to give effect to the proposals which have been made by the committee; the members of the House expressed general approval of the scheme, and it was stated that the cost would not be excessive, while the benefits to the community would be considerable and lasting in every respect. and the Government intends to deal with the matter in the present session, when a bill will be introduced to give effect to the proposals which have been made by the committee; the members of the House expressed general approval of the scheme, and it was stated that the cost would not be excessive, while the benefits to the community would be considerable and lasting in every respect. and the Government intends to deal with the matter in the present session, when a bill will be introduced to give effect to the proposals which have been made by the committee; the members of the House expressed general approval of the scheme, and it was stated that the cost would not be excessive, while the benefits to the community would be considerable and lasting in every respect.
HIGHEST GRADE ENGLISH MOTOR CARS.
and the Government intends to deal with the matter in the present session, when a bill will be introduced to give effect to the proposals which have been made by the committee; the members of the House expressed general approval of the scheme, and it was stated that the cost would not be excessive, while the benefits to the community would be considerable and lasting in every respect. and the Government intends to deal with the matter in the present session, when a bill will be introduced to give effect to the proposals which have been made by the committee; the members of the House expressed general approval of the scheme, and it was stated that the cost would not be excessive, while the benefits to the community would be considerable and lasting in every respect. and the Government intends to deal with the matter in the present session, when a bill will be introduced to give effect to the proposals which have been made by the committee; the members of the House expressed general approval of the scheme, and it was stated that the cost would not be excessive, while the benefits to the community would be considerable and lasting in every respect. and the Government intends to deal with the matter in the present session, when a bill will be introduced to give effect to the proposals which have been made by the committee; the members of the House expressed general approval of the scheme, and it was stated that the cost would not be excessive, while the benefits to the community would be considerable and lasting in every respect. and the Government intends to deal with the matter in the present session, when a bill will be introduced to give effect to the proposals which have been made by the committee; the members of the House expressed general approval of the scheme, and it was stated that the cost would not be excessive, while the benefits to the community would be considerable and lasting in every respect. and the Government intends to deal with the matter in the present session, when a bill will be introduced to give effect to the proposals which have been made by the committee; the members of the House expressed general approval of the scheme, and it was stated that the cost would not be excessive, while the benefits to the community would be considerable and lasting in every respect.
TURKEY'S HOUR OF TRIAL.
MARTIAL LAW.
HEATED DISPUTES IN THE CHAMBER.
MEMBERS DRAW REVOLVERS.
By Telegraph—Press Association—Copyright
Constantinople, August 5.

Martial law has been proclaimed. The garrison has sworn allegiance to the Cabinet.

and the Government intends to deal with the matter in the present session, when a bill will be introduced to give effect to the proposals which have been made by the committee; the members of the House expressed general approval of the scheme, and it was stated that the cost would not be excessive, while the benefits to the community would be considerable and lasting in every respect. and the Government intends to deal with the matter in the present session, when a bill will be introduced to give effect to the proposals which have been made by the committee; the members of the House expressed general approval of the scheme, and it was stated that the cost would not be excessive, while the benefits to the community would be considerable and lasting in every respect. and the Government intends to deal with the matter in the present session, when a bill will be introduced to give effect to the proposals which have been made by the committee; the members of the House expressed general approval of the scheme, and it was stated that the cost would not be excessive, while the benefits to the community would be considerable and lasting in every respect. and the Government intends to deal with the matter in the present session, when a bill will be introduced to give effect to the proposals which have been made by the committee; the members of the House expressed general approval of the scheme, and it was stated that the cost would not be excessive, while the benefits to the community would be considerable and lasting in every respect. and the Government intends to deal with the matter in the present session, when a bill will be introduced to give effect to the proposals which have been made by the committee; the members of the House expressed general approval of the scheme, and it was stated that the cost would not be excessive, while the benefits to the community would be considerable and lasting in every respect. and the Government intends to deal with the matter in the present session, when a bill will be introduced to give effect to the proposals which have been made by the committee; the members of the House expressed general approval of the scheme, and it was stated that the cost would not be excessive, while the benefits to the community would be considerable and lasting in every respect. and the Government intends to deal with the matter in the present session, when a bill will be introduced to give effect to the proposals which have been made by the committee; the members of the House expressed general approval of the scheme, and it was stated that the cost would not be excessive, while the benefits to the community would be considerable and lasting in every respect. and the Government intends to deal with the matter in the present session, when a bill will be introduced to give effect to the proposals which have been made by the committee; the members of the House expressed general approval of the scheme, and it was stated that the cost would not be excessive, while the benefits to the community would be considerable and lasting in every respect. and the Government intends to deal with the matter in the present session, when a bill will be introduced to give effect to the proposals which have been made by the committee; the members of the House expressed general approval of the scheme, and it was stated that the cost would not be excessive, while the benefits to the community would be considerable and lasting in every respect. and the Government intends to deal with the matter in the present session, when a bill will be introduced to give effect to the proposals which have been made by the committee; the members of the House expressed general approval of the scheme, and it was stated that the cost would not be excessive, while the benefits to the community would be considerable and lasting in every respect.
STARVING ALBANIANS.
SENATE DESERTS THE COMMITTEE.
and the Government intends to deal with the matter in the present session, when a bill will be introduced to give effect to the proposals which have been made by the committee; the members of the House expressed general approval of the scheme, and it was stated that the cost would not be excessive, while the benefits to the community would be considerable and lasting in every respect. and the Government intends to deal with the matter in the present session, when a bill will be introduced to give effect to the proposals which have been made by the committee; the members of the House expressed general approval of the scheme, and it was stated that the cost would not be excessive, while the benefits to the community would be considerable and lasting in every respect. and the Government intends to deal with the matter in the present session, when a bill will be introduced to give effect to the proposals which have been made by the committee; the members of the House expressed general approval of the scheme, and it was stated that the cost would not be excessive, while the benefits to the community would be considerable and lasting in every respect. and the Government intends to deal with the matter in the present session, when a bill will be introduced to give effect to the proposals which have been made by the committee; the members of the House expressed general approval of the scheme, and it was stated that the cost would not be excessive, while the benefits to the community would be considerable and lasting in every respect. and the Government intends to deal with the matter in the present session, when a bill will be introduced to give effect to the proposals which have been made by the committee; the members of the House expressed general approval of the scheme, and it was stated that the cost would not be excessive, while the benefits to the community would be considerable and lasting in every respect. and the Government intends to deal with the matter in the present session, when a bill will be introduced to give effect to the proposals which have been made by the committee; the members of the House expressed general approval of the scheme, and it was stated that the cost would not be excessive, while the benefits to the community would be considerable and lasting in every respect.
HUTT AND PETONE NEWS.
(From Our Special Correspondent.)
and the Government intends to deal with the matter in the present session, when a bill will be introduced to give effect to the proposals which have been made by the committee; the members of the House expressed general approval of the scheme, and it was stated that the cost would not be excessive, while the benefits to the community would be considerable and lasting in every respect. and the Government intends to deal with the matter in the present session, when a bill will be introduced to give effect to the proposals which have been made by the committee; the members of the House expressed general approval of the scheme, and it was stated that the cost would not be excessive, while the benefits to the community would be considerable and lasting in every respect. and the Government intends to deal with the matter in the present session, when a bill will be introduced to give effect to the proposals which have been made by the committee; the members of the House expressed general approval of the scheme, and it was stated that the cost would not be excessive, while the benefits to the community would be considerable and lasting in every respect. and the Government intends to deal with the matter in the present session, when a bill will be introduced to give effect to the proposals which have been made by the committee; the members of the House expressed general approval of the scheme, and it was stated that the cost would not be excessive, while the benefits to the community would be considerable and lasting in every respect. and the Government intends to deal with the matter in the present session, when a bill will be introduced to give effect to the proposals which have been made by the committee; the members of the House expressed general approval of the scheme, and it was stated that the cost would not be excessive, while the benefits to the community would be considerable and lasting in every respect. and the Government intends to deal with the matter in the present session, when a bill will be introduced to give effect to the proposals which have been made by the committee; the members of the House expressed general approval of the scheme, and it was stated that the cost would not be excessive, while the benefits to the community would be considerable and lasting in every respect. and the Government intends to deal with the matter in the present session, when a bill will be introduced to give effect to the proposals which have been made by the committee; the members of the House expressed general approval of the scheme, and it was stated that the cost would not be excessive, while the benefits to the community would be considerable and lasting in every respect. and the Government intends to deal with the matter in the present session, when a bill will be introduced to give effect to the proposals which have been made by the committee; the members of the House expressed general approval of the scheme, and it was stated that the cost would not be excessive, while the benefits to the community would be considerable and lasting in every respect. and the Government intends to deal with the matter in the present session, when a bill will be introduced to give effect to the proposals which have been made by the committee; the members of the House expressed general approval of the scheme, and it was stated that the cost would not be excessive, while the benefits to the community would be considerable and lasting in every respect. and the Government intends to deal with the matter in the present session, when a bill will be introduced to give effect to the proposals which have been made by the committee; the members of the House expressed general approval of the scheme, and it was stated that the cost would not be excessive, while the benefits to the community would be considerable and lasting in every respect. and the Government intends to deal with the matter in the present session, when a bill will be introduced to give effect to the proposals which have been made by the committee; the members of the House expressed general approval of the scheme, and it was stated that the cost would not be excessive, while the benefits to the community would be considerable and lasting in every respect. and the Government intends to deal with the matter in the present session, when a bill will be introduced to give effect to the proposals which have been made by the committee; the members of the House expressed general approval of the scheme, and it was stated that the cost would not be excessive, while the benefits to the community would be considerable and lasting in every respect. and the Government intends to deal with the matter in the present session, when a bill will be introduced to give effect to the proposals which have been made by the committee; the members of the House expressed general approval of the scheme, and it was stated that the cost would not be excessive, while the benefits to the community would be considerable and lasting in every respect. and the Government intends to deal with the matter in the present session, when a bill will be introduced to give effect to the proposals which have been made by the committee; the members of the House expressed general approval of the scheme, and it was stated that the cost would not be excessive, while the benefits to the community would be considerable and lasting in every respect. and the Government intends to deal with the matter in the present session, when a bill will be introduced to give effect to the proposals which have been made by the committee; the members of the House expressed general approval of the scheme, and it was stated that the cost would not be excessive, while the benefits to the community would be considerable and lasting in every respect. and the Government intends to deal with the matter in the present session, when a bill will be introduced to give effect to the proposals which have been made by the committee; the members of the House expressed general approval of the scheme, and it was stated that the cost would not be excessive, while the benefits to the community would be considerable and lasting in every respect. and the Government intends to deal with the matter in the present session, when a bill will be introduced to give effect to the proposals which have been made by the committee; the members of the House expressed general approval of the scheme, and it was stated that the cost would not be excessive, while the benefits to the community would be considerable and lasting in every respect. and the Government intends to deal with the matter in the present session, when a bill will be introduced to give effect to the proposals which have been made by the committee; the members of the House expressed general approval of the scheme, and it was stated that the cost would not be excessive, while the benefits to the community would be considerable and lasting in every respect. and the Government intends to deal with the matter in the present session, when a bill will be introduced to give effect to the proposals which have been made by the committee; the members of the House expressed general approval of the scheme, and it was stated that the cost would not be excessive, while the benefits to the community would be considerable and lasting in every respect. and the Government intends to deal with the matter in the present session, when a bill will be introduced to give effect to the proposals which have been made by the committee; the members of the House expressed general approval of the scheme, and it was stated that the cost would not be excessive, while the benefits to the community would be considerable and lasting in every respect. and the Government intends to deal with the matter in the present session, when a bill will be introduced to give effect to the proposals which have been made by the committee; the members of the House expressed general approval of the scheme, and it was stated that the cost would not be excessive, while the benefits to the community would be considerable and lasting in every respect. and the Government intends to deal with the matter in the present session, when a bill will be introduced to give effect to the proposals which have been made by the committee; the members of the House expressed general approval of the scheme, and it was stated that the cost would not be excessive, while the benefits to the community would be considerable and lasting in every respect. and the Government intends to deal with the matter in the present session, when a bill will be introduced to give effect to the proposals which have been made by the committee; the members of the House expressed general approval of the scheme, and it was stated that the cost would not be excessive, while the benefits to the community would be considerable and lasting in every respect. and the Government intends to deal with the matter in the present session, when a bill will be introduced to give effect to the proposals which have been made by the committee; the members of the House expressed general approval of the scheme, and it was stated that the cost would not be excessive, while the benefits to the community would be considerable and lasting in every respect. and the Government intends to deal with the matter in the present session, when a bill will be introduced to give effect to the proposals which have been made by the committee; the members of the House expressed general approval of the scheme, and it was stated that the cost would not be excessive, while the benefits to the community would be considerable and lasting in every respect. and the Government intends to deal with the matter in the present session, when a bill will be introduced to give effect to the proposals which have been made by the committee; the members of the House expressed general approval of the scheme, and it was stated that the cost would not be excessive, while the benefits to the community would be considerable and lasting in every respect. and the Government intends to deal with the matter in the present session, when a bill will be introduced to give effect to the proposals which have been made by the committee; the members of the House expressed general approval of the scheme, and it was stated that the cost would not be excessive, while the benefits to the community would be considerable and lasting in every respect. and the Government intends to deal with the matter in the present session, when a bill will be introduced to give effect to the proposals which have been made by the committee; the members of the House expressed general approval of the scheme, and it was stated that the cost would not be excessive, while the benefits to the community would be considerable and lasting in every respect. and the Government intends to deal with the matter in the present session, when a bill will be introduced to give effect to the proposals which have been made by the committee; the members of the House expressed general approval of the scheme, and it was stated that the cost would not be excessive, while the benefits to the community would be considerable and lasting in every respect. and the Government intends to deal with the matter in the present session, when a bill will be introduced to give effect to the proposals which have been made by the committee; the members of the House expressed general approval of the scheme, and it was stated that the cost would not be excessive, while the benefits to the community would be considerable and lasting in every respect.
WANGANUI RAILWAY WANTS.
(By Telegraph—Special Correspondent.)
and the Government intends to deal with the matter in the present session, when a bill will be introduced to give effect to the proposals which have been made by the committee; the members of the House expressed general approval of the scheme, and it was stated that the cost would not be excessive, while the benefits to the community would be considerable and lasting in every respect. and the Government intends to deal with the matter in the present session, when a bill will be introduced to give effect to the proposals which have been made by the committee; the members of the House expressed general approval of the scheme, and it was stated that the cost would not be excessive, while the benefits to the community would be considerable and lasting in every respect. and the Government intends to deal with the matter in the present session, when a bill will be introduced to give effect to the proposals which have been made by the committee; the members of the House expressed general approval of the scheme, and it was stated that the cost would not be excessive, while the benefits to the community would be considerable and lasting in every respect. and the Government intends to deal with the matter in the present session, when a bill will be introduced to give effect to the proposals which have been made by the committee; the members of the House expressed general approval of the scheme, and it was stated that the cost would not be excessive, while the benefits to the community would be considerable and lasting in every respect. and the Government intends to deal with the matter in the present session, when a bill will be introduced to give effect to the proposals which have been made by the committee; the members of the House expressed general approval of the scheme, and it was stated that the cost would not be excessive, while the benefits to the community would be considerable and lasting in every respect. and the Government intends to deal with the matter in the present session, when a bill will be introduced to give effect to the proposals which have been made by the committee; the members of the House expressed general approval of the scheme, and it was stated that the cost would not be excessive, while the benefits to the community would be considerable and lasting in every respect. and the Government intends to deal with the matter in the present session, when a bill will be introduced to give effect to the proposals which have been made by the committee; the members of the House expressed general approval of the scheme, and it was stated that the cost would not be excessive, while the benefits to the community would be considerable and lasting in every respect. and the Government intends to deal with the matter in the present session, when a bill will be introduced to give effect to the proposals which have been made by the committee; the members of the House expressed general approval of the scheme, and it was stated that the cost would not be excessive, while the benefits to the community would be considerable and lasting in every respect. and the Government intends to deal with the matter in the present session, when a bill will be introduced to give effect to the proposals which have been made by the committee; the members of the House expressed general approval of the scheme, and it was stated that the cost would not be excessive, while the benefits to the community would be considerable and lasting in every respect. and the Government intends to deal with the matter in the present session, when a bill will be introduced to give effect to the proposals which have been made by the committee; the members of the House expressed general approval of the scheme, and it was stated that the cost would not be excessive, while the benefits to the community would be considerable and lasting in every respect. and the Government intends to deal with the matter in the present session, when a bill will be introduced to give effect to the proposals which have been made by the committee; the members of the House expressed general approval of the scheme, and it was stated that the cost would not be excessive, while the benefits to the community would be considerable and lasting in every respect. and the Government intends to deal with the matter in the present session, when a bill will be introduced to give effect to the proposals which have been made by the committee; the members of the House expressed general approval of the scheme, and it was stated that the cost would not be excessive, while the benefits to the community would be considerable and lasting in every respect. and the Government intends to deal with the matter in the present session, when a bill will be introduced to give effect to the proposals which have been made by the committee; the members of the House expressed general approval of the scheme, and it was stated that the cost would not be excessive, while the benefits to the community would be considerable and lasting in every respect. and the Government intends to deal with the matter in the present session, when a bill will be introduced to give effect to the proposals which have been made by the committee; the members of the House expressed general approval of the scheme, and it was stated that the cost would not be excessive, while the benefits to the community would be considerable and lasting in every respect.
BUDGET IN BRIEF.
HON. J. ALLEN'S FINANCIAL STATEMENT.
SOME OF ITS LEADING POINTS.

The gross public debt at the end of the financial year amounted to £84,353,611.

The public debt was increased by £3,757,731 during the year.

and the Government intends to deal with the matter in the present session, when a bill will be introduced to give effect to the proposals which have been made by the committee; the members of the House expressed general approval of the scheme, and it was stated that the cost would not be excessive, while the benefits to the community would be considerable and lasting in every respect. and the Government intends to deal with the matter in the present session, when a bill will be introduced to give effect to the proposals which have been made by the committee; the members of the House expressed general approval of the scheme, and it was stated that the cost would not be excessive, while the benefits to the community would be considerable and lasting in every respect. and the Government intends to deal with the matter in the present session, when a bill will be introduced to give effect to the proposals which have been made by the committee; the members of the House expressed general approval of the scheme, and it was stated that the cost would not be excessive, while the benefits to the community would be considerable and lasting in every respect. and the Government intends to deal with the matter in the present session, when a bill will be introduced to give effect to the proposals which have been made by the committee; the members of the House expressed general approval of the scheme, and it was stated that the cost would not be excessive, while the benefits to the community would be considerable and lasting in every respect. and the Government intends to deal with the matter in the present session, when a bill will be introduced to give effect to the proposals which have been made by the committee; the members of the House expressed general approval of the scheme, and it was stated that the cost would not be excessive, while the benefits to the community would be considerable and lasting in every respect. and the Government intends to deal with the matter in the present session, when a bill will be introduced to give effect to the proposals which have been made by the committee; the members of the House expressed general approval of the scheme, and it was stated that the cost would not be excessive, while the benefits to the community would be considerable and lasting in every respect. and the Government intends to deal with the matter in the present session, when a bill will be introduced to give effect to the proposals which have been made by the committee; the members of the House expressed general approval of the scheme, and it was stated that the cost would not be excessive, while the benefits to the community would be considerable and lasting in every respect. and the Government intends to deal with the matter in the present session, when a bill will be introduced to give effect to the proposals which have been made by the committee; the members of the House expressed general approval of the scheme, and it was stated that the cost would not be excessive, while the benefits to the community would be considerable and lasting in every respect. and the Government intends to deal with the matter in the present session, when a bill will be introduced to give effect to the proposals which have been made by the committee; the members of the House expressed general approval of the scheme, and it was stated that the cost would not be excessive, while the benefits to the community would be considerable and lasting in every respect. and the Government intends to deal with the matter in the present session, when a bill will be introduced to give effect to the proposals which have been made by the committee; the members of the House expressed general approval of the scheme, and it was stated that the cost would not be excessive, while the benefits to the community would be considerable and lasting in every respect. and the Government intends to deal with the matter in the present session, when a bill will be introduced to give effect to the proposals which have been made by the committee; the members of the House expressed general approval of the scheme, and it was stated that the cost would not be excessive, while the benefits to the community would be considerable and lasting in every respect. and the Government intends to deal with the matter in the present session, when a bill will be introduced to give effect to the proposals which have been made by the committee; the members of the House expressed general approval of the scheme, and it was stated that the cost would not be excessive, while the benefits to the community would be considerable and lasting in every respect. and the Government intends to deal with the matter in the present session, when a bill will be introduced to give effect to the proposals which have been made by the committee; the members of the House expressed general approval of the scheme, and it was stated that the cost would not be excessive, while the benefits to the community would be considerable and lasting in every respect. and the Government intends to deal with the matter in the present session, when a bill will be introduced to give effect to the proposals which have been made by the committee; the members of the House expressed general approval of the scheme, and it was stated that the cost would not be excessive, while the benefits to the community would be considerable and lasting in every respect. and the Government intends to deal with the matter in the present session, when a bill will be introduced to give effect to the proposals which have been made by the committee; the members of the House expressed general approval of the scheme, and it was stated that the cost would not be excessive, while the benefits to the community would be considerable and lasting in every respect. and the Government intends to deal with the matter in the present session, when a bill will be introduced to give effect to the proposals which have been made by the committee; the members of the House expressed general approval of the scheme, and it was stated that the cost would not be excessive, while the benefits to the community would be considerable and lasting in every respect. and the Government intends to deal with the matter in the present session, when a bill will be introduced to give effect to the proposals which have been made by the committee; the members of the House expressed general approval of the scheme, and it was stated that the cost would not be excessive, while the benefits to the community would be considerable and lasting in every respect. and the Government intends to deal with the matter in the present session, when a bill will be introduced to give effect to the proposals which have been made by the committee; the members of the House expressed general approval of the scheme, and it was stated that the cost would not be excessive, while the benefits to the community would be considerable and lasting in every respect. and the Government intends to deal with the matter in the present session, when a bill will be introduced to give effect to the proposals which have been made by the committee; the members of the House expressed general approval of the scheme, and it was stated that the cost would not be excessive, while the benefits to the community would be considerable and lasting in every respect. and the Government intends to deal with the matter in the present session, when a bill will be introduced to give effect to the proposals which have been made by the committee; the members of the House expressed general approval of the scheme, and it was stated that the cost would not be excessive, while the benefits to the community would be considerable and lasting in every respect. and the Government intends to deal with the matter in the present session, when a bill will be introduced to give effect to the proposals which have been made by the committee; the members of the House expressed general approval of the scheme, and it was stated that the cost would not be excessive, while the benefits to the community would be considerable and lasting in every respect. and the Government intends to deal with the matter in the present session, when a bill will be introduced to give effect to the proposals which have been made by the committee; the members of the House expressed general approval of the scheme, and it was stated that the cost would not be excessive, while the benefits to the community would be considerable and lasting in every respect. and the Government intends to deal with the matter in the present session, when a bill will be introduced to give effect to the proposals which have been made by the committee; the members of the House expressed general approval of the scheme, and it was stated that the cost would not be excessive, while the benefits to the community would be considerable and lasting in every respect. and the Government intends to deal with the matter in the present session, when a bill will be introduced to give effect to the proposals which have been made by the committee; the members of the House expressed general approval of the scheme, and it was stated that the cost would not be excessive, while the benefits to the community would be considerable and lasting in every respect. and the Government intends to deal with the matter in the present session, when a bill will be introduced to give effect to the proposals which have been made by the committee; the members of the House expressed general approval of the scheme, and it was stated that the cost would not be excessive, while the benefits to the community would be considerable and lasting in every respect. and the Government intends to deal with the matter in the present session, when a bill will be introduced to give effect to the proposals which have been made by the committee; the members of the House expressed general approval of the scheme, and it was stated that the cost would not be excessive, while the benefits to the community would be considerable and lasting in every respect. and the Government intends to deal with the matter in the present session, when a bill will be introduced to give effect to the proposals which have been made by the committee; the members of the House expressed general approval of the scheme, and it was stated that the cost would not be excessive, while the benefits to the community would be considerable and lasting in every respect. and the Government intends to deal with the matter in the present session, when a bill will be introduced to give effect to the proposals which have been made by the committee; the members of the House expressed general approval of the scheme, and it was stated that the cost would not be excessive, while the benefits to the community would be considerable and lasting in every respect. and the Government intends to deal with the matter in the present session, when a bill will be introduced to give effect to the proposals which have been made by the committee; the members of the House expressed general approval of the scheme, and it was stated that the cost would not be excessive, while the benefits to the community would be considerable and lasting in every respect. and the Government intends to deal with the matter in the present session, when a bill will be introduced to give effect to the proposals which have been made by the committee; the members of the House expressed general approval of the scheme, and it was stated that the cost would not be excessive, while the benefits to the community would be considerable and lasting in every respect. and the Government intends to deal with the matter in the present session, when a bill will be introduced to give effect to the proposals which have been made by the committee; the members of the House expressed general approval of the scheme, and it was stated that the cost would not be excessive, while the benefits to the community would be considerable and lasting in every respect. and the Government intends to deal with the matter in the present session, when a bill will be introduced to give effect to the proposals which have been made by the committee; the members of the House expressed general approval of the scheme, and it was stated that the cost would not be excessive, while the benefits to the community would be considerable and lasting in every respect. and the Government intends to deal with the matter in the present session, when a bill will be introduced to give effect to the proposals which have been made by the committee; the members of the House expressed general approval of the scheme, and it was stated that the cost would not be excessive, while the benefits to the community would be considerable and lasting in every respect. and the Government intends to deal with the matter in the present session, when a bill will be introduced to give effect to the proposals which have been made by the committee; the members of the House expressed general approval of the scheme, and it was stated that the cost would not be excessive, while the benefits to the community would be considerable and lasting in every respect. and the Government intends to deal with the matter in the present session, when a bill will be introduced to give effect to the proposals which have been made by the committee; the members of the House expressed general approval of the scheme, and it was stated that the cost would not be excessive, while the benefits to the community would be considerable and lasting in every respect. and the Government intends to deal with the matter in the present session, when a bill will be introduced to give effect to the proposals which have been made by the committee; the members of the House expressed general approval of the scheme, and it was stated that the cost would not be excessive, while the benefits to the community would be considerable and lasting in every respect. and the Government intends to deal with the matter in the present session, when a bill will be introduced to give effect to the proposals which have been made by the committee; the members of the House expressed general approval of the scheme, and it was stated that the cost would not be excessive, while the benefits to the community would be considerable and lasting in every respect. and the Government intends to deal with the matter in the present session, when a bill will be introduced to give effect to the proposals which have been made by the committee; the members of the House expressed general approval of the scheme, and it was stated that the cost would not be excessive, while the benefits to the community would be considerable and lasting in every respect. and the Government intends to deal with the matter in the present session, when a bill will be introduced to give effect to the proposals which have been made by the committee; the members of the House expressed general approval of the scheme, and it was stated that the cost would not be excessive, while the benefits to the community would be considerable and lasting in every respect. and the Government intends to deal with the matter in the present session, when a bill will be introduced to give effect to the proposals which have been made by the committee; the members of the House expressed general approval of the scheme, and it was stated that the cost would not be excessive, while the benefits to the community would be considerable and lasting in every respect. and the Government intends to deal with the matter in the present session, when a bill will be introduced to give effect to the proposals which have been made by the committee; the members of the House expressed general approval of the scheme, and it was stated that the cost would not be excessive, while the benefits to the community would be considerable and lasting in every respect. and the Government intends to deal with the matter in the present session, when a bill will be introduced to give effect to the proposals which have been made by the committee; the members of the House expressed general approval of the scheme, and it was stated that the cost would not be excessive, while the benefits to the community would be considerable and lasting in every respect. and the Government intends to deal with the matter in the present session, when a bill will be introduced to give effect to the proposals which have been made by the committee; the members of the House expressed general approval of the scheme, and it was stated that the cost would not be excessive, while the benefits to the community would be considerable and lasting in every respect. and the Government intends to deal with the matter in the present session, when a bill will be introduced to give effect to the proposals which have been made by the committee; the members of the House expressed general approval of the scheme, and it was stated that the cost would not be excessive, while the benefits to the community would be considerable and lasting in every respect. and the Government intends to deal with the matter in the present session, when a bill will be introduced to give effect to the proposals which have been made by the committee; the members of the House expressed general approval of the scheme, and it was stated that the cost would not be excessive, while the benefits to the community would be considerable and lasting in every respect. and the Government intends to deal with the matter in the present session, when a bill will be introduced to give effect to the proposals which have been made by the committee; the members of the House expressed general approval of the scheme, and it was stated that the cost would not be excessive, while the benefits to the community would be considerable and lasting in every respect. and the Government intends to deal with the matter in the present session, when a bill will be introduced to give effect to the proposals which have been made by the committee; the members of the House expressed general approval of the scheme, and it was stated that the cost would not be excessive, while the benefits to the community would be considerable and lasting in every respect. and the Government intends to deal with the matter in the present session, when a bill will be introduced to give effect to the proposals which have been made by the committee; the members of the House expressed general approval of the scheme, and it was stated that the cost would not be excessive, while the benefits to the community would be considerable and lasting in every respect. and the Government intends to deal with the matter in the present session, when a bill will be introduced to give effect to the proposals which have been made by the committee; the members of the House expressed general approval of the scheme, and it was stated that the cost would not be excessive, while the benefits to the community would be considerable and lasting in every respect. and the Government intends to deal with the matter in the present session, when a bill will be introduced to give effect to the proposals which have been made by the committee; the members of the House expressed general approval of the scheme, and it was stated that the cost would not be excessive, while the benefits to the community would be considerable and lasting in every respect. and the Government intends to deal with the matter in the present session, when a bill will be introduced to give effect to the proposals which have been made by the committee; the members of the House expressed general approval of the scheme, and it was stated that the cost would not be excessive, while the benefits to the community would be considerable and lasting in every respect. and the Government intends to deal with the matter in the present session, when a bill will be introduced to give effect to the proposals which have been made by the committee; the members of the House expressed general approval of the scheme, and it was stated that the cost would not be excessive, while the benefits to the community would be considerable and lasting in every respect. and the Government intends to deal with the matter in the present session, when a bill will be introduced to give effect to the proposals which have been made by the committee; the members of the House expressed general approval of the scheme, and it was stated that the cost would not be excessive, while the benefits to the community would be considerable and lasting in every respect. and the Government intends to deal with the matter in the present session, when a bill will be introduced to give effect to the proposals which have been made by the committee; the members of the House expressed general approval of the scheme, and it was stated that the cost would not be excessive, while the benefits to the community would be considerable and lasting in every respect. and the Government intends to deal with the matter in the present session, when a bill will be introduced to give effect to the proposals which have been made by the committee; the members of the House expressed general approval of the scheme, and it was stated that the cost would not be excessive, while the benefits to the community would be considerable and lasting in every respect. and the Government intends to deal with the matter in the present session, when a bill will be introduced to give effect to the proposals which have been made by the committee; the members of the House expressed general approval of the scheme, and it was stated that the cost would not be excessive, while the benefits to the community would be considerable and lasting in every respect. and the Government intends to deal with the matter in the present session, when a bill will be introduced to give effect to the proposals which have been made by the committee; the members of the House expressed general approval of the scheme, and it was stated that the cost would not be excessive, while the benefits to the community would be considerable and lasting in every respect. and the Government intends to deal with the matter in the present session, when a bill will be introduced to give effect to the proposals which have been made by the committee; the members of the House expressed general approval of the scheme, and it was stated that the cost would not be excessive, while the benefits to the community would be considerable and lasting in every respect. and the Government intends to deal with the matter in the present session, when a bill will be introduced to give effect to the proposals which have been made by the committee; the members of the House expressed general approval of the scheme, and it was stated that the cost would not be excessive, while the benefits to the community would be considerable and lasting in every respect. and the Government intends to deal with the matter in the present session, when a bill will be introduced to give effect to the proposals which have been made by the committee; the members of the House expressed general approval of the scheme, and it was stated that the cost would not be excessive, while the benefits to the community would be considerable and lasting in every respect. and the Government intends to deal with the matter in the present session, when a bill will be introduced to give effect to the proposals which have been made by the committee; the members of the House expressed general approval of the scheme, and it was stated that the cost would not be excessive, while the benefits to the community would be considerable and lasting in every respect. and the Government intends to deal with the matter in the present session, when a bill will be introduced to give effect to the proposals which have been made by the committee; the members of the House expressed general approval of the scheme, and it was stated that the cost would not be excessive, while the benefits to the community would be considerable and lasting in every respect.
EDUCATION BOARD ELECTION.

The election of members to the Wellington Education Board has resulted as follows:—Wellington Ward: Mr. W. Allan; Wairarapa Ward: Mr. C. Buchanan, M.P.

OTAKI NOTES.
and the Government intends to deal with the matter in the present session, when a bill will be introduced to give effect to the proposals which have been made by the committee; the members of the House expressed general approval of the scheme, and it was stated that the cost would not be excessive, while the benefits to the community would be considerable and lasting in every respect. and the Government intends to deal with the matter in the present session, when a bill will be introduced to give effect to the proposals which have been made by the committee; the members of the House expressed general approval of the scheme, and it was stated that the cost would not be excessive, while the benefits to the community would be considerable and lasting in every respect. and the Government intends to deal with the matter in the present session, when a bill will be introduced to give effect to the proposals which have been made by the committee; the members of the House expressed general approval of the scheme, and it was stated that the cost would not be excessive, while the benefits to the community would be considerable and lasting in every respect. and the Government intends to deal with the matter in the present session, when a bill will be introduced to give effect to the proposals which have been made by the committee; the members of the House expressed general approval of the scheme, and it was stated that the cost would not be excessive, while the benefits to the community would be considerable and lasting in every respect. and the Government intends to deal with the matter in the present session, when a bill will be introduced to give effect to the proposals which have been made by the committee; the members of the House expressed general approval of the scheme, and it was stated that the cost would not be excessive, while the benefits to the community would be considerable and lasting in every respect. and the Government intends to deal with the matter in the present session, when a bill will be introduced to give effect to the proposals which have been made by the committee; the members of the House expressed general approval of the scheme, and it was stated that the cost would not be excessive, while the benefits to the community would be considerable and lasting in every respect. and the Government intends to deal with the matter in the present session, when a bill will be introduced to give effect to the proposals which have been made by the committee; the members of the House expressed general approval of the scheme, and it was stated that the cost would not be excessive, while the benefits to the community would be considerable and lasting in every respect. and the Government intends to deal with the matter in the present session, when a bill will be introduced to give effect to the proposals which have been made by the committee; the members of the House expressed general approval of the scheme, and it was stated that the cost would not be excessive, while the benefits to the community would be considerable and lasting in every respect. and the Government intends to deal with the matter in the present session, when a bill will be introduced to give effect to the proposals which have been made by the committee; the members of the House expressed general approval of the scheme, and it was stated that the cost would not be excessive, while the benefits to the community would be considerable and lasting in every respect. and the Government intends to deal with the matter in the present session, when a bill will be introduced to give effect to the proposals which have been made by the committee; the members of the House expressed general approval of the scheme, and it was stated that the cost would not be excessive, while the benefits to the community would be considerable and lasting in every respect. and the Government intends to deal with the matter in the present session, when a bill will be introduced to give effect to the proposals which have been made by the committee; the members of the House expressed general approval of the scheme, and it was stated that the cost would not be excessive, while the benefits to the community would be considerable and lasting in every respect. and the Government intends to deal with the matter in the present session, when a bill will be introduced to give effect to the proposals which have been made by the committee; the members of the House expressed general approval of the scheme, and it was stated that the cost would not be excessive, while the benefits to the community would be considerable and lasting in every respect. and the Government intends to deal with the matter in the present session, when a bill will be introduced to give effect to the proposals which have been made by the committee; the members of the House expressed general approval of the scheme, and it was stated that the cost would not be excessive, while the benefits to the community would be considerable and lasting in every respect. and the Government intends to deal with the matter in the present session, when a bill will be introduced to give effect to the proposals which have been made by the committee; the members of the House expressed general approval of the scheme, and it was stated that the cost would not be excessive, while the benefits to the community would be considerable and lasting in every respect. and the Government intends to deal with the matter in the present session, when a bill will be introduced to give effect to the proposals which have been made by the committee; the members of the House expressed general approval of the scheme, and it was stated that the cost would not be excessive, while the benefits to the community would be considerable and lasting in every respect. and the Government intends to deal with the matter in the present session, when a bill will
PRISONS' CONTROL.
INSPECTOR-GENERAL'S REPORT.
REDUCTION IN CRIME.
CLOSER INSPECTION ADVOCATED

The annual report on the Prisons Branch of the Department of Justice was presented to Parliament yesterday afternoon.

and the Government intends to deal with the matter in the present session, when a bill will be introduced to give effect to the proposals which have been made by the committee; the members of the House expressed general approval of the scheme, and it was stated that the cost would not be excessive, while the benefits to the community would be considerable and lasting in every respect. and the Government intends to deal with the matter in the present session, when a bill will be introduced to give effect to the proposals which have been made by the committee; the members of the House expressed general approval of the scheme, and it was stated that the cost would not be excessive, while the benefits to the community would be considerable and lasting in every respect. and the Government intends to deal with the matter in the present session, when a bill will be introduced to give effect to the proposals which have been made by the committee; the members of the House expressed general approval of the scheme, and it was stated that the cost would not be excessive, while the benefits to the community would be considerable and lasting in every respect. and the Government intends to deal with the matter in the present session, when a bill will be introduced to give effect to the proposals which have been made by the committee; the members of the House expressed general approval of the scheme, and it was stated that the cost would not be excessive, while the benefits to the community would be considerable and lasting in every respect. and the Government intends to deal with the matter in the present session, when a bill will be introduced to give effect to the proposals which have been made by the committee; the members of the House expressed general approval of the scheme, and it was stated that the cost would not be excessive, while the benefits to the community would be considerable and lasting in every respect. and the Government intends to deal with the matter in the present session, when a bill will be introduced to give effect to the proposals which have been made by the committee; the members of the House expressed general approval of the scheme, and it was stated that the cost would not be excessive, while the benefits to the community would be considerable and lasting in every respect. and the Government intends to deal with the matter in the present session, when a bill will be introduced to give effect to the proposals which have been made by the committee; the members of the House expressed general approval of the scheme, and it was stated that the cost would not be excessive, while the benefits to the community would be considerable and lasting in every respect. and the Government intends to deal with the matter in the present session, when a bill will be introduced to give effect to the proposals which have been made by the committee; the members of the House expressed general approval of the scheme, and it was stated that the cost would not be excessive, while the benefits to the community would be considerable and lasting in every respect. and the Government intends to deal with the matter in the present session, when a bill will be introduced to give effect to the proposals which have been made by the committee; the members of the House expressed general approval of the scheme, and it was stated that the cost would not be excessive, while the benefits to the community would be considerable and lasting in every respect. and the Government intends to deal with the matter in the present session, when a bill will be introduced to give effect to the proposals which have been made by the committee; the members of the House expressed general approval of the scheme, and it was stated that the cost would not be excessive, while the benefits to the community would be considerable and lasting in every respect.
Sentenced To—	1911	1910
Simple imprisonment	53	64
Hard labour	2,644	2,603
Reformative treatment	279	283
Death	3	1
Totals	3,498	3,980
and the Government intends to deal with the matter in the present session, when a bill will be introduced to give effect to the proposals which have been made by the committee; the members of the House expressed general approval of the scheme, and it was stated that the cost would not be excessive, while the benefits to the community would be considerable and lasting in every respect. and the Government intends to deal with the matter in the present session, when a bill will be introduced to give effect to the proposals which have been made by the committee; the members of the House expressed general approval of the scheme, and it was stated that the cost would not be excessive, while the benefits to the community would be considerable and lasting in every respect. and the Government intends to deal with the matter in the present session, when a bill will be introduced to give effect to the proposals which have been made by the committee; the members of the House expressed general approval of the scheme, and it was stated that the cost would not be excessive, while the benefits to the community would be considerable and lasting in every respect. and the Government intends to deal with the matter in the present session, when a bill will be introduced to give effect to the proposals which have been made by the committee; the members of the House expressed general approval of the scheme, and it was stated that the cost would not be excessive, while the benefits to the community would be considerable and lasting in every respect. and the Government intends to deal with the matter in the present session, when a bill will be introduced to give effect to the proposals which have been made by the committee; the members of the House expressed general approval of the scheme, and it was stated that the cost would not be excessive, while the benefits to the community would be considerable and lasting in every respect. and the Government intends to deal with the matter in the present session, when a bill will be introduced to give effect to the proposals which have been made by the committee; the members of the House expressed general approval of the scheme, and it was stated that the cost would not be excessive, while the benefits to the community would be considerable and lasting in every respect. and the Government intends to deal with the matter in the present session, when a bill will be introduced to give effect to the proposals which have been made by the committee; the members of the House expressed general approval of the scheme, and it was stated that the cost would not be excessive, while the benefits to the community would be considerable and lasting in every respect. and the Government intends to deal with the matter in the present session, when a bill will be introduced to give effect to the proposals which have been made by the committee; the members of the House expressed general approval of the scheme, and it was stated that the cost would not be excessive, while the benefits to the community would be considerable and lasting in every respect. and the Government intends to deal with the matter in the present session, when a bill will be introduced to give effect to the proposals which have been made by the committee; the members of the House expressed general approval of the scheme, and it was stated that the cost would not be excessive, while the benefits to the community would be considerable and lasting in every respect. and the Government intends to deal with the matter in the present session, when a bill will be introduced to give effect to the proposals which have been made by the committee; the members of the House expressed general approval of the scheme, and it was stated that the cost would not be excessive, while the benefits to the community would be considerable and lasting in every respect. and the Government intends to deal with the matter in the present session, when a bill will be introduced to give effect to the proposals which have been made by the committee; the members of the House expressed general approval of the scheme, and it was stated that the cost would not be excessive, while the benefits to the community would be considerable and lasting in every respect. and the Government intends to deal with the matter in the present session, when a bill will be introduced to give effect to the proposals which have been made by the committee; the members of the House expressed general approval of the scheme, and it was stated that the cost would not be excessive, while the benefits to the community would be considerable and lasting in every respect. and the Government intends to deal with the matter in the present session, when a bill will be introduced to give effect to the proposals which have been made by the committee; the members of the House expressed general approval of the scheme, and it was stated that the cost would not be excessive, while the benefits to the community would be considerable and lasting in every respect. and the Government intends to deal with the matter in the present session, when a bill will be introduced to give effect to the proposals which have been made by the committee; the members of the House expressed general approval of the scheme, and it was stated that the cost would not be excessive, while the benefits to the community would be considerable and lasting in every respect. and the Government intends to deal with the matter in the present session, when a bill will be introduced to give effect to the proposals which have been made by the committee; the members of the House expressed general approval of the scheme, and it was stated that the cost would not be excessive, while the benefits to the community would be considerable and lasting in every respect. and the Government intends to deal with the matter in the present session, when a bill will be introduced to give effect to the proposals which have been made by the committee; the members of the House expressed general approval of the scheme, and it was stated that the cost would not be excessive, while the benefits to the community would be considerable and lasting in every respect. and the Government intends to deal with the matter in the present session, when a bill will be introduced to give effect to the proposals which have been made by the committee; the members of the House expressed general approval of the scheme, and it was stated that the cost would not be excessive, while the benefits to the community would be considerable and lasting in every respect. and the Government intends to deal with the matter in the present session, when a bill will be introduced to give effect to the proposals which have been made by the committee; the members of the House expressed general approval of the scheme, and it was stated that the cost would not be excessive, while the benefits to the community would be considerable and lasting in every respect. and the Government intends to deal with the matter in the present session, when a bill will be introduced to give effect to the proposals which have been made by the committee; the members of the House expressed general approval of the scheme, and it was stated that the cost would not be excessive, while the benefits to the community would be considerable and lasting in every respect. and the Government intends to deal with the matter in the present session, when a bill will be introduced to give effect to the proposals which have been made by the committee; the members of the House expressed general approval of the scheme, and it was stated that the cost would not be excessive, while the benefits to the community would be considerable and lasting in every respect. and the Government intends to deal with the matter in the present session, when a bill will be introduced to give effect to the proposals which have been made by the committee; the members of the House expressed general approval of the scheme, and it was stated that the cost would not be excessive, while the benefits to the community would be considerable and lasting in every respect. and the Government intends to deal with the matter in the present session, when a bill will be introduced to give effect to the proposals which have been made by the committee; the members of the House expressed general approval of the scheme, and it was stated that the cost would not be excessive, while the benefits to the community would be considerable and lasting in every respect. and the Government intends to deal with the matter in the present session, when a bill will be introduced to give effect to the proposals which have been made by the committee; the members of the House expressed general approval of the scheme, and it was stated that the cost would not be excessive, while the benefits to the community would be considerable and lasting in every respect. and the Government intends to deal with the matter in the present session, when a bill will be introduced to give effect to the proposals which have been made by the committee; the members of the House expressed general approval of the scheme, and it was stated that the cost would not be excessive, while the benefits to the community would be considerable and lasting in every respect. and the Government intends to deal with the matter in the present session, when a bill will be introduced to give effect to the proposals which have been made by the committee; the members of the House expressed general approval of the scheme, and it was stated that the cost would not be excessive, while the benefits to the community would be considerable and lasting in every respect. and the Government intends to deal with the matter in the present session, when a bill will be introduced to give effect to the proposals which have been made by the committee; the members of the House expressed general approval of the scheme, and it was stated that the cost would not be excessive, while the benefits to the community would be considerable and lasting in every respect. and the Government intends to deal with the matter in the present session, when a bill will be introduced to give effect to the proposals which have been made by the committee; the members of the House expressed general approval of the scheme, and it was stated that the cost would not be excessive, while the benefits to the community would be considerable and lasting in every respect. and the Government intends to deal with the matter in the present session, when a bill will be introduced to give effect to the proposals which have been made by the committee; the members of the House expressed general approval of the scheme, and it was stated that the cost would not be excessive, while the benefits to the community would be considerable and lasting in every respect. and the Government intends to deal with the matter in the present session, when a bill will be introduced to give effect to the proposals which have been made by the committee; the members of the House expressed general approval of the scheme, and it was stated that the cost would not be excessive, while the benefits to the community would be considerable and lasting in every respect. and the Government intends to deal with the matter in the present session, when a bill will be introduced to give effect to the proposals which have been made by the committee; the members of the House expressed general approval of the scheme, and it was stated that the cost would not be excessive, while the benefits to the community would be considerable and lasting in every respect. and the Government intends to deal with the matter in the present session, when a bill will be introduced to give effect to the proposals which have been made by the committee; the members of the House expressed general approval of the scheme, and it was stated that the cost would not be excessive, while the benefits to the community would be considerable and lasting in every respect. and the Government intends to deal with the matter in the present session, when a bill will be introduced to give effect to the proposals which have been made by the committee; the members of the House expressed general approval of the scheme, and it was stated that the cost would not be excessive, while the benefits to the community would be considerable and lasting in every respect. and the Government intends to deal with the matter in the present session, when a bill will be introduced to give effect to the proposals which have been made by the committee; the members of the House expressed general approval of the scheme, and it was stated that the cost would not be excessive, while the benefits to the community would be considerable and lasting in every respect. and the Government intends to deal with the matter in the present session, when a bill will be introduced to give effect to the proposals which have been made by the committee; the members of the House expressed general approval of the scheme, and it was stated that the cost would not be excessive, while the benefits to the community would be considerable and lasting in every respect. and the Government intends to deal with the matter in the present session, when a bill will be introduced to give effect to the proposals which have been made by the committee; the members of the House expressed general approval of the scheme, and it was stated that the cost would not be excessive, while the benefits to the community would be considerable and lasting in every respect. and the Government intends to deal with the matter in the present session, when a bill will be introduced to give effect to the proposals which have been made by the committee; the members of the House expressed general approval of the scheme, and it was stated that the cost would not be excessive, while the benefits to the community would be considerable and lasting in every respect. and the Government intends to deal with the matter in the present session, when a bill will be introduced to give effect to the proposals which have been made by the committee; the members of the House expressed general approval of the scheme, and it was stated that the cost would not be excessive, while the benefits to the community would be considerable and lasting in every respect. and the Government intends to deal with the matter in the present session, when a bill will be introduced to give effect to the proposals which have been made by the committee; the members of the House expressed general approval of the scheme, and it was stated that the cost would not be excessive, while the benefits to the community would be considerable and lasting in every respect. and the Government intends to deal with the matter in the present session, when a bill will be introduced to give effect to the proposals which have been made by the committee; the members of the House expressed general approval of the scheme, and it was stated that the cost would not be excessive, while the benefits to the community would be considerable and lasting in every respect. and the Government intends to deal with the matter in the present session, when a bill will be introduced to give effect to the proposals which have been made by the committee; the members of the House expressed general approval of the scheme, and it was stated that the cost would not be excessive, while the benefits to the community would be considerable and lasting in every respect. and the Government intends to deal with the matter in the present session, when a bill will be introduced to give effect to the proposals which have been made by the committee; the members of the House expressed general approval of the scheme, and it was stated that the cost would not be excessive, while the benefits to the community would be considerable and lasting in every respect. and the Government intends to deal with the matter in the present session, when a bill will be introduced to give effect to the proposals which have been made by the committee; the members of the House expressed general approval of the scheme, and it was stated that the cost would not be excessive, while the benefits to the community would be considerable and lasting in every respect. and the Government intends to deal with the matter in the present session, when a bill will be introduced to give effect to the proposals which have been made by the committee; the members of the House expressed general approval of the scheme, and it was stated that the cost would not be excessive, while the benefits to the community would be considerable and lasting in every respect. and the Government intends to deal with the matter in the present session, when a bill will be introduced to give effect to the proposals which have been made by the committee; the members of the House expressed general approval of the scheme, and it was stated that the cost would not be excessive, while the benefits to the community would be considerable and lasting in every respect.
DISMASTED & FOUNDERED.
CREW'S FIGHT IN STORM-TOSSED BOAT.
Auckland, August 6.

The stormy weather experienced at Auckland throughout yesterday afternoon very considerably upset the yachtsmen.

and the Government intends to deal with the matter in the present session, when a bill will be introduced to give effect to the proposals which have been made by the committee; the members of the House expressed general approval of the scheme, and it was stated that the cost would not be excessive, while the benefits to the community would be considerable and lasting in every respect. and the Government intends to deal with the matter in the present session, when a bill will be introduced to give effect to the proposals which have been made by the committee; the members of the House expressed general approval of the scheme, and it was stated that the cost would not be excessive, while the benefits to the community would be considerable and lasting in every respect. and the Government intends to deal with the matter in the present session, when a bill will be introduced to give effect to the proposals which have been made by the committee; the members of the House expressed general approval of the scheme, and it was stated that the cost would not be excessive, while the benefits to the community would be considerable and lasting in every respect. and the Government intends to deal with the matter in the present session, when a bill will be introduced to give effect to the proposals which have been made by the committee; the members of the House expressed general approval of the scheme, and it was stated that the cost would not be excessive, while the benefits to the community would be considerable and lasting in every respect. and the Government intends to deal with the matter in the present session, when a bill will be introduced to give effect to the proposals which have been made by the committee; the members of the House expressed general approval of the scheme, and it was stated that the cost would not be excessive, while the benefits to the community would be considerable and lasting in every respect. and the Government intends to deal with the matter in the present session, when a bill will be introduced to give effect to the proposals which have been made by the committee; the members of the House expressed general approval of the scheme, and it was stated that the cost would not be excessive, while the benefits to the community would be considerable and lasting in every respect. and the Government intends to deal with the matter in the present session, when a bill will be introduced to give effect to the proposals which have been made by the committee; the members of the House expressed general approval of the scheme, and it was stated that the cost would not be excessive, while the benefits to the community would be considerable and lasting in every respect. and the Government intends to deal with the matter in the present session, when a bill will be introduced to give effect to the proposals which have been made by the committee; the members of the House expressed general approval of the scheme, and it was stated that the cost would not be excessive, while the benefits to the community would be considerable and lasting in every respect. and the Government intends to deal with the matter in the present session, when a bill will be introduced to give effect to the proposals which have been made by the committee; the members of the House expressed general approval of the scheme, and it was stated that the cost would not be excessive, while the benefits to the community would be considerable and lasting in every respect. and the Government intends to deal with the matter in the present session, when a bill will be introduced to give effect to the proposals which have been made by the committee; the members of the House expressed general approval of the scheme, and it was stated that the cost would not be excessive, while the benefits to the community would be considerable and lasting in every respect. and the Government intends to deal with the matter in the present session, when a bill will be introduced to give effect to the proposals which have been made by the committee; the members of the House expressed general approval of the scheme, and it was stated that the cost would not be excessive, while the benefits to the community would be considerable and lasting in every respect. and the Government intends to deal with the matter in the present session, when a bill will be introduced to give effect to the proposals which have been made by the committee; the members of the House expressed general approval of the scheme, and it was stated that the cost would not be excessive, while the benefits to the community would be considerable and lasting in every respect. and the Government intends to deal with the matter in the present session, when a bill will be introduced to give effect to the proposals which have been made by the committee; the members of the House expressed general approval of the scheme, and it was stated that the cost would not be excessive, while the benefits to the community would be considerable and lasting in every respect. and the Government intends to deal with the matter in the present session, when a bill will be introduced to give effect to the proposals which have been made by the committee; the members of the House expressed general approval of the scheme, and it was stated that the cost would not be excessive, while the benefits to the community would be considerable and lasting in every respect. and the Government intends to deal with the matter in the present session, when a bill will be introduced to give effect to the proposals which have been made by the committee; the members of the House expressed general approval of the scheme, and it was stated that the cost would not be excessive, while the benefits to the community would be considerable and lasting in every respect. and the Government intends to deal with the matter in the present session, when a bill will be introduced to give effect to the proposals which have been made by the committee; the members of the House expressed general approval of the scheme, and it was stated that the cost would not be excessive, while the benefits to the community would be considerable and lasting in every respect. and the Government intends to deal with the matter in the present session, when a bill will be introduced to give effect to the proposals which have been made by the committee; the members of the House expressed general approval of the scheme, and it was stated that the cost would not be excessive, while the benefits to the community would be considerable and lasting in every respect. and the Government intends to deal with the matter in the present session, when a bill will be introduced to give effect to the proposals which have been made by the committee; the members of the House expressed general approval of the scheme, and it was stated that the cost would not be excessive, while the benefits to the community would be considerable and lasting in every respect. and the Government intends to deal with the matter in the present session, when a bill will be introduced to give effect to the proposals which have been made by the committee; the members of the House expressed general approval of the scheme, and it was stated that the cost would not be excessive, while the benefits to the community would be considerable and lasting in every respect. and the Government intends to deal with the matter in the present session, when a bill will be introduced to give effect to the proposals which have been made by the committee; the members of the House expressed general approval of the scheme, and it was stated that the cost would not be excessive, while the benefits to the community would be considerable and lasting in every respect. and the Government intends to deal with the matter in the present session, when a bill will be introduced to give effect to the proposals which have been made by the committee; the members of the House expressed general approval of the scheme, and it was stated that the cost would not be excessive, while the benefits to the community would be considerable and lasting in every respect. and the Government intends to deal with the matter in the present session, when a bill will be introduced to give effect to the proposals which have been made by the committee; the members of the House expressed general approval of the scheme, and it was stated that the cost would not be excessive, while the benefits to the community would be considerable and lasting in every respect. and the Government intends to deal with the matter in the present session, when a bill will be introduced to give effect to the proposals which have been made by the committee; the
